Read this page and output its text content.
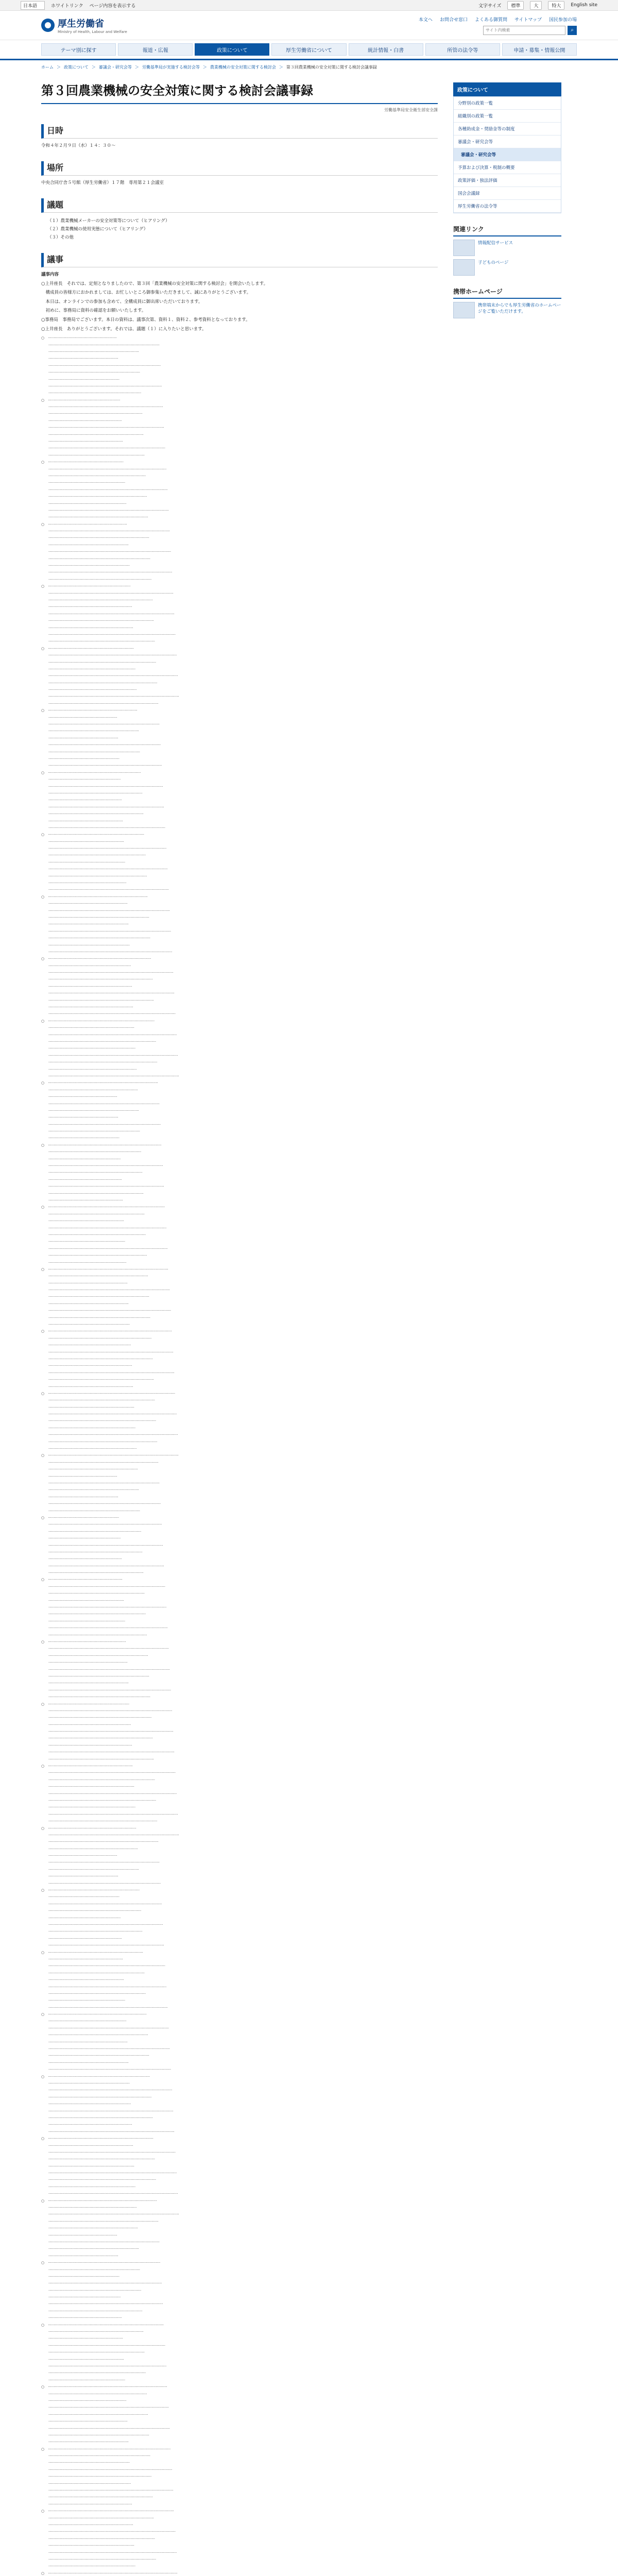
日本語	ホワイトリンク ページ内容を表示する	文字サイズ	標準	大	特大	English site
厚生労働省
Ministry of Health, Labour and Welfare
本文へ お問合せ窓口 よくある御質問 サイトマップ 国民参加の場
サイト内検索
⌕
テーマ別に探す	報道・広報	政策について	厚生労働省について	統計情報・白書	所管の法令等	申請・募集・情報公開
ホーム ＞ 政策について ＞ 審議会・研究会等 ＞ 労働基準局が実施する検討会等 ＞ 農業機械の安全対策に関する検討会 ＞ 第３回農業機械の安全対策に関する検討会議事録
第３回農業機械の安全対策に関する検討会議事録
労働基準局安全衛生部安全課
日時

令和４年２月９日（水）１４：３０～

場所

中央合同庁舎５号館（厚生労働省）１７階　専用第２１会議室

議題
（１）農業機械メーカーの安全対策等について（ヒアリング）
（２）農業機械の使用実態について（ヒアリング）
（３）その他
議事

議事内容

○上井座長　それでは、定刻となりましたので、第３回「農業機械の安全対策に関する検討会」を開会いたします。

　構成員の皆様方におかれましては、お忙しいところ御参集いただきまして、誠にありがとうございます。

　本日は、オンラインでの参加も含めて、全構成員に御出席いただいております。

　初めに、事務局に資料の確認をお願いいたします。

○事務局　事務局でございます。本日の資料は、議事次第、資料１、資料２、参考資料となっております。

○上井座長　ありがとうございます。それでは、議題（１）に入りたいと思います。

○　‧‧‧‧‧‧‧‧‧‧‧‧‧‧‧‧‧‧‧‧‧‧‧‧‧‧‧‧‧‧‧‧‧‧‧‧‧‧‧‧‧‧‧‧‧‧‧‧‧‧‧‧‧‧‧‧‧‧‧‧
　　‧‧‧‧‧‧‧‧‧‧‧‧‧‧‧‧‧‧‧‧‧‧‧‧‧‧‧‧‧‧‧‧‧‧‧‧‧‧‧‧‧‧‧‧‧‧‧‧‧‧‧‧‧‧‧‧‧‧‧‧‧‧‧‧‧‧‧‧‧‧‧‧‧‧‧‧‧‧‧‧‧‧‧‧‧‧‧‧‧‧‧‧‧‧‧‧‧
　　‧‧‧‧‧‧‧‧‧‧‧‧‧‧‧‧‧‧‧‧‧‧‧‧‧‧‧‧‧‧‧‧‧‧‧‧‧‧‧‧‧‧‧‧‧‧‧‧‧‧‧‧‧‧‧‧‧‧‧‧‧‧‧‧‧‧‧‧‧‧‧‧‧‧‧‧‧‧‧
　　‧‧‧‧‧‧‧‧‧‧‧‧‧‧‧‧‧‧‧‧‧‧‧‧‧‧‧‧‧‧‧‧‧‧‧‧‧‧‧‧‧‧‧‧‧‧‧‧‧‧‧‧‧‧‧‧‧‧‧‧‧
　　‧‧‧‧‧‧‧‧‧‧‧‧‧‧‧‧‧‧‧‧‧‧‧‧‧‧‧‧‧‧‧‧‧‧‧‧‧‧‧‧‧‧‧‧‧‧‧‧‧‧‧‧‧‧‧‧‧‧‧‧‧‧‧‧‧‧‧‧‧‧‧‧‧‧‧‧‧‧‧‧‧‧‧‧‧‧‧‧‧‧‧‧‧‧‧‧‧‧
　　‧‧‧‧‧‧‧‧‧‧‧‧‧‧‧‧‧‧‧‧‧‧‧‧‧‧‧‧‧‧‧‧‧‧‧‧‧‧‧‧‧‧‧‧‧‧‧‧‧‧‧‧‧‧‧‧‧‧‧‧‧‧‧‧‧‧‧‧‧‧‧‧‧‧‧‧‧‧‧‧
　　‧‧‧‧‧‧‧‧‧‧‧‧‧‧‧‧‧‧‧‧‧‧‧‧‧‧‧‧‧‧‧‧‧‧‧‧‧‧‧‧‧‧‧‧‧‧‧‧‧‧‧‧‧‧‧‧‧‧‧‧‧‧
　　‧‧‧‧‧‧‧‧‧‧‧‧‧‧‧‧‧‧‧‧‧‧‧‧‧‧‧‧‧‧‧‧‧‧‧‧‧‧‧‧‧‧‧‧‧‧‧‧‧‧‧‧‧‧‧‧‧‧‧‧‧‧‧‧‧‧‧‧‧‧‧‧‧‧‧‧‧‧‧‧‧‧‧‧‧‧‧‧‧‧‧‧‧‧‧‧‧‧‧
　　‧‧‧‧‧‧‧‧‧‧‧‧‧‧‧‧‧‧‧‧‧‧‧‧‧‧‧‧‧‧‧‧‧‧‧‧‧‧‧‧‧‧‧‧‧‧‧‧‧‧‧‧‧‧‧‧‧‧‧‧‧‧‧‧‧‧‧‧‧‧‧‧‧‧‧‧‧‧‧‧‧
○　‧‧‧‧‧‧‧‧‧‧‧‧‧‧‧‧‧‧‧‧‧‧‧‧‧‧‧‧‧‧‧‧‧‧‧‧‧‧‧‧‧‧‧‧‧‧‧‧‧‧‧‧‧‧‧‧‧‧‧‧‧‧‧
　　‧‧‧‧‧‧‧‧‧‧‧‧‧‧‧‧‧‧‧‧‧‧‧‧‧‧‧‧‧‧‧‧‧‧‧‧‧‧‧‧‧‧‧‧‧‧‧‧‧‧‧‧‧‧‧‧‧‧‧‧‧‧‧‧‧‧‧‧‧‧‧‧‧‧‧‧‧‧‧‧‧‧‧‧‧‧‧‧‧‧‧‧‧‧‧‧‧‧‧‧
　　‧‧‧‧‧‧‧‧‧‧‧‧‧‧‧‧‧‧‧‧‧‧‧‧‧‧‧‧‧‧‧‧‧‧‧‧‧‧‧‧‧‧‧‧‧‧‧‧‧‧‧‧‧‧‧‧‧‧‧‧‧‧‧‧‧‧‧‧‧‧‧‧‧‧‧‧‧‧‧‧‧‧
　　‧‧‧‧‧‧‧‧‧‧‧‧‧‧‧‧‧‧‧‧‧‧‧‧‧‧‧‧‧‧‧‧‧‧‧‧‧‧‧‧‧‧‧‧‧‧‧‧‧‧‧‧‧‧‧‧‧‧‧‧‧‧‧‧
　　‧‧‧‧‧‧‧‧‧‧‧‧‧‧‧‧‧‧‧‧‧‧‧‧‧‧‧‧‧‧‧‧‧‧‧‧‧‧‧‧‧‧‧‧‧‧‧‧‧‧‧‧‧‧‧‧‧‧‧‧‧‧‧‧‧‧‧‧‧‧‧‧‧‧‧‧‧‧‧‧‧‧‧‧‧‧‧‧‧‧‧‧‧‧‧‧‧‧‧‧‧
　　‧‧‧‧‧‧‧‧‧‧‧‧‧‧‧‧‧‧‧‧‧‧‧‧‧‧‧‧‧‧‧‧‧‧‧‧‧‧‧‧‧‧‧‧‧‧‧‧‧‧‧‧‧‧‧‧‧‧‧‧‧‧‧‧‧‧‧‧‧‧‧‧‧‧‧‧‧‧‧‧‧‧‧
　　‧‧‧‧‧‧‧‧‧‧‧‧‧‧‧‧‧‧‧‧‧‧‧‧‧‧‧‧‧‧‧‧‧‧‧‧‧‧‧‧‧‧‧‧‧‧‧‧‧‧‧‧‧‧‧‧‧‧‧‧‧‧‧‧‧
　　‧‧‧‧‧‧‧‧‧‧‧‧‧‧‧‧‧‧‧‧‧‧‧‧‧‧‧‧‧‧‧‧‧‧‧‧‧‧‧‧‧‧‧‧‧‧‧‧‧‧‧‧‧‧‧‧‧‧‧‧‧‧‧‧‧‧‧‧‧‧‧‧‧‧‧‧‧‧‧‧‧‧‧‧‧‧‧‧‧‧‧‧‧‧‧‧‧‧‧‧‧‧
　　‧‧‧‧‧‧‧‧‧‧‧‧‧‧‧‧‧‧‧‧‧‧‧‧‧‧‧‧‧‧‧‧‧‧‧‧‧‧‧‧‧‧‧‧‧‧‧‧‧‧‧‧‧‧‧‧‧‧‧‧‧‧‧‧‧‧‧‧‧‧‧‧‧‧‧‧‧‧‧‧‧‧‧‧
○　‧‧‧‧‧‧‧‧‧‧‧‧‧‧‧‧‧‧‧‧‧‧‧‧‧‧‧‧‧‧‧‧‧‧‧‧‧‧‧‧‧‧‧‧‧‧‧‧‧‧‧‧‧‧‧‧‧‧‧‧‧‧‧‧‧‧
　　‧‧‧‧‧‧‧‧‧‧‧‧‧‧‧‧‧‧‧‧‧‧‧‧‧‧‧‧‧‧‧‧‧‧‧‧‧‧‧‧‧‧‧‧‧‧‧‧‧‧‧‧‧‧‧‧‧‧‧‧‧‧‧‧‧‧‧‧‧‧‧‧‧‧‧‧‧‧‧‧‧‧‧‧‧‧‧‧‧‧‧‧‧‧‧‧‧‧‧‧‧‧‧
　　‧‧‧‧‧‧‧‧‧‧‧‧‧‧‧‧‧‧‧‧‧‧‧‧‧‧‧‧‧‧‧‧‧‧‧‧‧‧‧‧‧‧‧‧‧‧‧‧‧‧‧‧‧‧‧‧‧‧‧‧‧‧‧‧‧‧‧‧‧‧‧‧‧‧‧‧‧‧‧‧‧‧‧‧‧
　　‧‧‧‧‧‧‧‧‧‧‧‧‧‧‧‧‧‧‧‧‧‧‧‧‧‧‧‧‧‧‧‧‧‧‧‧‧‧‧‧‧‧‧‧‧‧‧‧‧‧‧‧‧‧‧‧‧‧‧‧‧‧‧‧‧‧‧
　　‧‧‧‧‧‧‧‧‧‧‧‧‧‧‧‧‧‧‧‧‧‧‧‧‧‧‧‧‧‧‧‧‧‧‧‧‧‧‧‧‧‧‧‧‧‧‧‧‧‧‧‧‧‧‧‧‧‧‧‧‧‧‧‧‧‧‧‧‧‧‧‧‧‧‧‧‧‧‧‧‧‧‧‧‧‧‧‧‧‧‧‧‧‧‧‧‧‧‧‧‧‧‧‧
　　‧‧‧‧‧‧‧‧‧‧‧‧‧‧‧‧‧‧‧‧‧‧‧‧‧‧‧‧‧‧‧‧‧‧‧‧‧‧‧‧‧‧‧‧‧‧‧‧‧‧‧‧‧‧‧‧‧‧‧‧‧‧‧‧‧‧‧‧‧‧‧‧‧‧‧‧‧‧‧‧‧‧‧‧‧‧
　　‧‧‧‧‧‧‧‧‧‧‧‧‧‧‧‧‧‧‧‧‧‧‧‧‧‧‧‧‧‧‧‧‧‧‧‧‧‧‧‧‧‧‧‧‧‧‧‧‧‧‧‧‧‧‧‧‧‧‧‧‧‧‧‧‧‧‧‧
　　‧‧‧‧‧‧‧‧‧‧‧‧‧‧‧‧‧‧‧‧‧‧‧‧‧‧‧‧‧‧‧‧‧‧‧‧‧‧‧‧‧‧‧‧‧‧‧‧‧‧‧‧‧‧‧‧‧‧‧‧‧‧‧‧‧‧‧‧‧‧‧‧‧‧‧‧‧‧‧‧‧‧‧‧‧‧‧‧‧‧‧‧‧‧‧‧‧‧‧‧‧‧‧‧‧
　　‧‧‧‧‧‧‧‧‧‧‧‧‧‧‧‧‧‧‧‧‧‧‧‧‧‧‧‧‧‧‧‧‧‧‧‧‧‧‧‧‧‧‧‧‧‧‧‧‧‧‧‧‧‧‧‧‧‧‧‧‧‧‧‧‧‧‧‧‧‧‧‧‧‧‧‧‧‧‧‧‧‧‧‧‧‧‧
○　‧‧‧‧‧‧‧‧‧‧‧‧‧‧‧‧‧‧‧‧‧‧‧‧‧‧‧‧‧‧‧‧‧‧‧‧‧‧‧‧‧‧‧‧‧‧‧‧‧‧‧‧‧‧‧‧‧‧‧‧‧‧‧‧‧‧‧‧‧
　　‧‧‧‧‧‧‧‧‧‧‧‧‧‧‧‧‧‧‧‧‧‧‧‧‧‧‧‧‧‧‧‧‧‧‧‧‧‧‧‧‧‧‧‧‧‧‧‧‧‧‧‧‧‧‧‧‧‧‧‧‧‧‧‧‧‧‧‧‧‧‧‧‧‧‧‧‧‧‧‧‧‧‧‧‧‧‧‧‧‧‧‧‧‧‧‧‧‧‧‧‧‧‧‧‧‧
　　‧‧‧‧‧‧‧‧‧‧‧‧‧‧‧‧‧‧‧‧‧‧‧‧‧‧‧‧‧‧‧‧‧‧‧‧‧‧‧‧‧‧‧‧‧‧‧‧‧‧‧‧‧‧‧‧‧‧‧‧‧‧‧‧‧‧‧‧‧‧‧‧‧‧‧‧‧‧‧‧‧‧‧‧‧‧‧‧
　　‧‧‧‧‧‧‧‧‧‧‧‧‧‧‧‧‧‧‧‧‧‧‧‧‧‧‧‧‧‧‧‧‧‧‧‧‧‧‧‧‧‧‧‧‧‧‧‧‧‧‧‧‧‧‧‧‧‧‧‧‧‧‧‧‧‧‧‧‧‧
　　‧‧‧‧‧‧‧‧‧‧‧‧‧‧‧‧‧‧‧‧‧‧‧‧‧‧‧‧‧‧‧‧‧‧‧‧‧‧‧‧‧‧‧‧‧‧‧‧‧‧‧‧‧‧‧‧‧‧‧‧‧‧‧‧‧‧‧‧‧‧‧‧‧‧‧‧‧‧‧‧‧‧‧‧‧‧‧‧‧‧‧‧‧‧‧‧‧‧‧‧‧‧‧‧‧‧‧
　　‧‧‧‧‧‧‧‧‧‧‧‧‧‧‧‧‧‧‧‧‧‧‧‧‧‧‧‧‧‧‧‧‧‧‧‧‧‧‧‧‧‧‧‧‧‧‧‧‧‧‧‧‧‧‧‧‧‧‧‧‧‧‧‧‧‧‧‧‧‧‧‧‧‧‧‧‧‧‧‧‧‧‧‧‧‧‧‧‧
　　‧‧‧‧‧‧‧‧‧‧‧‧‧‧‧‧‧‧‧‧‧‧‧‧‧‧‧‧‧‧‧‧‧‧‧‧‧‧‧‧‧‧‧‧‧‧‧‧‧‧‧‧‧‧‧‧‧‧‧‧‧‧‧‧‧‧‧‧‧‧‧
　　‧‧‧‧‧‧‧‧‧‧‧‧‧‧‧‧‧‧‧‧‧‧‧‧‧‧‧‧‧‧‧‧‧‧‧‧‧‧‧‧‧‧‧‧‧‧‧‧‧‧‧‧‧‧‧‧‧‧‧‧‧‧‧‧‧‧‧‧‧‧‧‧‧‧‧‧‧‧‧‧‧‧‧‧‧‧‧‧‧‧‧‧‧‧‧‧‧‧‧‧‧‧‧‧‧‧‧‧
　　‧‧‧‧‧‧‧‧‧‧‧‧‧‧‧‧‧‧‧‧‧‧‧‧‧‧‧‧‧‧‧‧‧‧‧‧‧‧‧‧‧‧‧‧‧‧‧‧‧‧‧‧‧‧‧‧‧‧‧‧‧‧‧‧‧‧‧‧‧‧‧‧‧‧‧‧‧‧‧‧‧‧‧‧‧‧‧‧‧‧
○　‧‧‧‧‧‧‧‧‧‧‧‧‧‧‧‧‧‧‧‧‧‧‧‧‧‧‧‧‧‧‧‧‧‧‧‧‧‧‧‧‧‧‧‧‧‧‧‧‧‧‧‧‧‧‧‧‧‧‧‧‧‧‧‧‧‧‧‧‧‧‧‧
　　‧‧‧‧‧‧‧‧‧‧‧‧‧‧‧‧‧‧‧‧‧‧‧‧‧‧‧‧‧‧‧‧‧‧‧‧‧‧‧‧‧‧‧‧‧‧‧‧‧‧‧‧‧‧‧‧‧‧‧‧‧‧‧‧‧‧‧‧‧‧‧‧‧‧‧‧‧‧‧‧‧‧‧‧‧‧‧‧‧‧‧‧‧‧‧‧‧‧‧‧‧‧‧‧‧‧‧‧‧
　　‧‧‧‧‧‧‧‧‧‧‧‧‧‧‧‧‧‧‧‧‧‧‧‧‧‧‧‧‧‧‧‧‧‧‧‧‧‧‧‧‧‧‧‧‧‧‧‧‧‧‧‧‧‧‧‧‧‧‧‧‧‧‧‧‧‧‧‧‧‧‧‧‧‧‧‧‧‧‧‧‧‧‧‧‧‧‧‧‧‧‧
　　‧‧‧‧‧‧‧‧‧‧‧‧‧‧‧‧‧‧‧‧‧‧‧‧‧‧‧‧‧‧‧‧‧‧‧‧‧‧‧‧‧‧‧‧‧‧‧‧‧‧‧‧‧‧‧‧‧‧‧‧‧‧‧‧‧‧‧‧‧‧‧‧‧
　　‧‧‧‧‧‧‧‧‧‧‧‧‧‧‧‧‧‧‧‧‧‧‧‧‧‧‧‧‧‧‧‧‧‧‧‧‧‧‧‧‧‧‧‧‧‧‧‧‧‧‧‧‧‧‧‧‧‧‧‧‧‧‧‧‧‧‧‧‧‧‧‧‧‧‧‧‧‧‧‧‧‧‧‧‧‧‧‧‧‧‧‧‧‧‧‧‧‧‧‧‧‧‧‧‧‧‧‧‧‧
　　‧‧‧‧‧‧‧‧‧‧‧‧‧‧‧‧‧‧‧‧‧‧‧‧‧‧‧‧‧‧‧‧‧‧‧‧‧‧‧‧‧‧‧‧‧‧‧‧‧‧‧‧‧‧‧‧‧‧‧‧‧‧‧‧‧‧‧‧‧‧‧‧‧‧‧‧‧‧‧‧‧‧‧‧‧‧‧‧‧‧‧‧
　　‧‧‧‧‧‧‧‧‧‧‧‧‧‧‧‧‧‧‧‧‧‧‧‧‧‧‧‧‧‧‧‧‧‧‧‧‧‧‧‧‧‧‧‧‧‧‧‧‧‧‧‧‧‧‧‧‧‧‧‧‧‧‧‧‧‧‧‧‧‧‧‧‧‧
　　‧‧‧‧‧‧‧‧‧‧‧‧‧‧‧‧‧‧‧‧‧‧‧‧‧‧‧‧‧‧‧‧‧‧‧‧‧‧‧‧‧‧‧‧‧‧‧‧‧‧‧‧‧‧‧‧‧‧‧‧‧‧‧‧‧‧‧‧‧‧‧‧‧‧‧‧‧‧‧‧‧‧‧‧‧‧‧‧‧‧‧‧‧‧‧‧‧‧‧‧‧‧‧‧‧‧‧‧‧‧‧
　　‧‧‧‧‧‧‧‧‧‧‧‧‧‧‧‧‧‧‧‧‧‧‧‧‧‧‧‧‧‧‧‧‧‧‧‧‧‧‧‧‧‧‧‧‧‧‧‧‧‧‧‧‧‧‧‧‧‧‧‧‧‧‧‧‧‧‧‧‧‧‧‧‧‧‧‧‧‧‧‧‧‧‧‧‧‧‧‧‧‧‧‧‧
○　‧‧‧‧‧‧‧‧‧‧‧‧‧‧‧‧‧‧‧‧‧‧‧‧‧‧‧‧‧‧‧‧‧‧‧‧‧‧‧‧‧‧‧‧‧‧‧‧‧‧‧‧‧‧‧‧‧‧‧‧‧‧‧‧‧‧‧‧‧‧‧‧‧‧‧
　　‧‧‧‧‧‧‧‧‧‧‧‧‧‧‧‧‧‧‧‧‧‧‧‧‧‧‧‧‧‧‧‧‧‧‧‧‧‧‧‧‧‧‧‧‧‧‧‧‧‧‧‧‧‧‧‧‧‧‧‧‧‧‧‧‧‧‧‧‧‧‧‧‧‧‧‧‧‧‧‧‧‧‧‧‧‧‧‧‧‧‧‧‧‧‧‧‧‧‧‧‧‧‧‧‧‧‧‧‧‧‧‧
　　‧‧‧‧‧‧‧‧‧‧‧‧‧‧‧‧‧‧‧‧‧‧‧‧‧‧‧‧‧‧‧‧‧‧‧‧‧‧‧‧‧‧‧‧‧‧‧‧‧‧‧‧‧‧‧‧‧‧‧‧‧‧‧‧‧‧‧‧‧‧‧‧‧‧‧‧‧‧‧‧‧‧‧‧‧‧‧‧‧‧‧‧‧‧
　　‧‧‧‧‧‧‧‧‧‧‧‧‧‧‧‧‧‧‧‧‧‧‧‧‧‧‧‧‧‧‧‧‧‧‧‧‧‧‧‧‧‧‧‧‧‧‧‧‧‧‧‧‧‧‧‧‧‧‧‧‧‧‧‧‧‧‧‧‧‧‧‧‧‧‧‧
　　‧‧‧‧‧‧‧‧‧‧‧‧‧‧‧‧‧‧‧‧‧‧‧‧‧‧‧‧‧‧‧‧‧‧‧‧‧‧‧‧‧‧‧‧‧‧‧‧‧‧‧‧‧‧‧‧‧‧‧‧‧‧‧‧‧‧‧‧‧‧‧‧‧‧‧‧‧‧‧‧‧‧‧‧‧‧‧‧‧‧‧‧‧‧‧‧‧‧‧‧‧‧‧‧‧‧‧‧‧‧‧‧‧
　　‧‧‧‧‧‧‧‧‧‧‧‧‧‧‧‧‧‧‧‧‧‧‧‧‧‧‧‧‧‧‧‧‧‧‧‧‧‧‧‧‧‧‧‧‧‧‧‧‧‧‧‧‧‧‧‧‧‧‧‧‧‧‧‧‧‧‧‧‧‧‧‧‧‧‧‧‧‧‧‧‧‧‧‧‧‧‧‧‧‧‧‧‧‧‧
　　‧‧‧‧‧‧‧‧‧‧‧‧‧‧‧‧‧‧‧‧‧‧‧‧‧‧‧‧‧‧‧‧‧‧‧‧‧‧‧‧‧‧‧‧‧‧‧‧‧‧‧‧‧‧‧‧‧‧‧‧‧‧‧‧‧‧‧‧‧‧‧‧‧‧‧‧‧
　　‧‧‧‧‧‧‧‧‧‧‧‧‧‧‧‧‧‧‧‧‧‧‧‧‧‧‧‧‧‧‧‧‧‧‧‧‧‧‧‧‧‧‧‧‧‧‧‧‧‧‧‧‧‧‧‧‧‧‧‧‧‧‧‧‧‧‧‧‧‧‧‧‧‧‧‧‧‧‧‧‧‧‧‧‧‧‧‧‧‧‧‧‧‧‧‧‧‧‧‧‧‧‧‧‧‧‧‧‧‧‧‧‧‧
　　‧‧‧‧‧‧‧‧‧‧‧‧‧‧‧‧‧‧‧‧‧‧‧‧‧‧‧‧‧‧‧‧‧‧‧‧‧‧‧‧‧‧‧‧‧‧‧‧‧‧‧‧‧‧‧‧‧‧‧‧‧‧‧‧‧‧‧‧‧‧‧‧‧‧‧‧‧‧‧‧‧‧‧‧‧‧‧‧‧‧‧‧‧‧‧‧
○　‧‧‧‧‧‧‧‧‧‧‧‧‧‧‧‧‧‧‧‧‧‧‧‧‧‧‧‧‧‧‧‧‧‧‧‧‧‧‧‧‧‧‧‧‧‧‧‧‧‧‧‧‧‧‧‧‧‧‧‧‧‧‧‧‧‧‧‧‧‧‧‧‧‧‧‧‧‧
　　‧‧‧‧‧‧‧‧‧‧‧‧‧‧‧‧‧‧‧‧‧‧‧‧‧‧‧‧‧‧‧‧‧‧‧‧‧‧‧‧‧‧‧‧‧‧‧‧‧‧‧‧‧‧‧‧‧‧‧‧
　　‧‧‧‧‧‧‧‧‧‧‧‧‧‧‧‧‧‧‧‧‧‧‧‧‧‧‧‧‧‧‧‧‧‧‧‧‧‧‧‧‧‧‧‧‧‧‧‧‧‧‧‧‧‧‧‧‧‧‧‧‧‧‧‧‧‧‧‧‧‧‧‧‧‧‧‧‧‧‧‧‧‧‧‧‧‧‧‧‧‧‧‧‧‧‧‧‧
　　‧‧‧‧‧‧‧‧‧‧‧‧‧‧‧‧‧‧‧‧‧‧‧‧‧‧‧‧‧‧‧‧‧‧‧‧‧‧‧‧‧‧‧‧‧‧‧‧‧‧‧‧‧‧‧‧‧‧‧‧‧‧‧‧‧‧‧‧‧‧‧‧‧‧‧‧‧‧‧
　　‧‧‧‧‧‧‧‧‧‧‧‧‧‧‧‧‧‧‧‧‧‧‧‧‧‧‧‧‧‧‧‧‧‧‧‧‧‧‧‧‧‧‧‧‧‧‧‧‧‧‧‧‧‧‧‧‧‧‧‧‧
　　‧‧‧‧‧‧‧‧‧‧‧‧‧‧‧‧‧‧‧‧‧‧‧‧‧‧‧‧‧‧‧‧‧‧‧‧‧‧‧‧‧‧‧‧‧‧‧‧‧‧‧‧‧‧‧‧‧‧‧‧‧‧‧‧‧‧‧‧‧‧‧‧‧‧‧‧‧‧‧‧‧‧‧‧‧‧‧‧‧‧‧‧‧‧‧‧‧‧
　　‧‧‧‧‧‧‧‧‧‧‧‧‧‧‧‧‧‧‧‧‧‧‧‧‧‧‧‧‧‧‧‧‧‧‧‧‧‧‧‧‧‧‧‧‧‧‧‧‧‧‧‧‧‧‧‧‧‧‧‧‧‧‧‧‧‧‧‧‧‧‧‧‧‧‧‧‧‧‧‧
　　‧‧‧‧‧‧‧‧‧‧‧‧‧‧‧‧‧‧‧‧‧‧‧‧‧‧‧‧‧‧‧‧‧‧‧‧‧‧‧‧‧‧‧‧‧‧‧‧‧‧‧‧‧‧‧‧‧‧‧‧‧‧
　　‧‧‧‧‧‧‧‧‧‧‧‧‧‧‧‧‧‧‧‧‧‧‧‧‧‧‧‧‧‧‧‧‧‧‧‧‧‧‧‧‧‧‧‧‧‧‧‧‧‧‧‧‧‧‧‧‧‧‧‧‧‧‧‧‧‧‧‧‧‧‧‧‧‧‧‧‧‧‧‧‧‧‧‧‧‧‧‧‧‧‧‧‧‧‧‧‧‧‧
○　‧‧‧‧‧‧‧‧‧‧‧‧‧‧‧‧‧‧‧‧‧‧‧‧‧‧‧‧‧‧‧‧‧‧‧‧‧‧‧‧‧‧‧‧‧‧‧‧‧‧‧‧‧‧‧‧‧‧‧‧‧‧‧‧‧‧‧‧‧‧‧‧‧‧‧‧‧‧‧‧‧
　　‧‧‧‧‧‧‧‧‧‧‧‧‧‧‧‧‧‧‧‧‧‧‧‧‧‧‧‧‧‧‧‧‧‧‧‧‧‧‧‧‧‧‧‧‧‧‧‧‧‧‧‧‧‧‧‧‧‧‧‧‧‧‧
　　‧‧‧‧‧‧‧‧‧‧‧‧‧‧‧‧‧‧‧‧‧‧‧‧‧‧‧‧‧‧‧‧‧‧‧‧‧‧‧‧‧‧‧‧‧‧‧‧‧‧‧‧‧‧‧‧‧‧‧‧‧‧‧‧‧‧‧‧‧‧‧‧‧‧‧‧‧‧‧‧‧‧‧‧‧‧‧‧‧‧‧‧‧‧‧‧‧‧‧‧
　　‧‧‧‧‧‧‧‧‧‧‧‧‧‧‧‧‧‧‧‧‧‧‧‧‧‧‧‧‧‧‧‧‧‧‧‧‧‧‧‧‧‧‧‧‧‧‧‧‧‧‧‧‧‧‧‧‧‧‧‧‧‧‧‧‧‧‧‧‧‧‧‧‧‧‧‧‧‧‧‧‧‧
　　‧‧‧‧‧‧‧‧‧‧‧‧‧‧‧‧‧‧‧‧‧‧‧‧‧‧‧‧‧‧‧‧‧‧‧‧‧‧‧‧‧‧‧‧‧‧‧‧‧‧‧‧‧‧‧‧‧‧‧‧‧‧‧‧
　　‧‧‧‧‧‧‧‧‧‧‧‧‧‧‧‧‧‧‧‧‧‧‧‧‧‧‧‧‧‧‧‧‧‧‧‧‧‧‧‧‧‧‧‧‧‧‧‧‧‧‧‧‧‧‧‧‧‧‧‧‧‧‧‧‧‧‧‧‧‧‧‧‧‧‧‧‧‧‧‧‧‧‧‧‧‧‧‧‧‧‧‧‧‧‧‧‧‧‧‧‧
　　‧‧‧‧‧‧‧‧‧‧‧‧‧‧‧‧‧‧‧‧‧‧‧‧‧‧‧‧‧‧‧‧‧‧‧‧‧‧‧‧‧‧‧‧‧‧‧‧‧‧‧‧‧‧‧‧‧‧‧‧‧‧‧‧‧‧‧‧‧‧‧‧‧‧‧‧‧‧‧‧‧‧‧
　　‧‧‧‧‧‧‧‧‧‧‧‧‧‧‧‧‧‧‧‧‧‧‧‧‧‧‧‧‧‧‧‧‧‧‧‧‧‧‧‧‧‧‧‧‧‧‧‧‧‧‧‧‧‧‧‧‧‧‧‧‧‧‧‧‧
　　‧‧‧‧‧‧‧‧‧‧‧‧‧‧‧‧‧‧‧‧‧‧‧‧‧‧‧‧‧‧‧‧‧‧‧‧‧‧‧‧‧‧‧‧‧‧‧‧‧‧‧‧‧‧‧‧‧‧‧‧‧‧‧‧‧‧‧‧‧‧‧‧‧‧‧‧‧‧‧‧‧‧‧‧‧‧‧‧‧‧‧‧‧‧‧‧‧‧‧‧‧‧
○　‧‧‧‧‧‧‧‧‧‧‧‧‧‧‧‧‧‧‧‧‧‧‧‧‧‧‧‧‧‧‧‧‧‧‧‧‧‧‧‧‧‧‧‧‧‧‧‧‧‧‧‧‧‧‧‧‧‧‧‧‧‧‧‧‧‧‧‧‧‧‧‧‧‧‧‧‧‧‧‧‧‧‧‧
　　‧‧‧‧‧‧‧‧‧‧‧‧‧‧‧‧‧‧‧‧‧‧‧‧‧‧‧‧‧‧‧‧‧‧‧‧‧‧‧‧‧‧‧‧‧‧‧‧‧‧‧‧‧‧‧‧‧‧‧‧‧‧‧‧‧‧
　　‧‧‧‧‧‧‧‧‧‧‧‧‧‧‧‧‧‧‧‧‧‧‧‧‧‧‧‧‧‧‧‧‧‧‧‧‧‧‧‧‧‧‧‧‧‧‧‧‧‧‧‧‧‧‧‧‧‧‧‧‧‧‧‧‧‧‧‧‧‧‧‧‧‧‧‧‧‧‧‧‧‧‧‧‧‧‧‧‧‧‧‧‧‧‧‧‧‧‧‧‧‧‧
　　‧‧‧‧‧‧‧‧‧‧‧‧‧‧‧‧‧‧‧‧‧‧‧‧‧‧‧‧‧‧‧‧‧‧‧‧‧‧‧‧‧‧‧‧‧‧‧‧‧‧‧‧‧‧‧‧‧‧‧‧‧‧‧‧‧‧‧‧‧‧‧‧‧‧‧‧‧‧‧‧‧‧‧‧‧
　　‧‧‧‧‧‧‧‧‧‧‧‧‧‧‧‧‧‧‧‧‧‧‧‧‧‧‧‧‧‧‧‧‧‧‧‧‧‧‧‧‧‧‧‧‧‧‧‧‧‧‧‧‧‧‧‧‧‧‧‧‧‧‧‧‧‧‧
　　‧‧‧‧‧‧‧‧‧‧‧‧‧‧‧‧‧‧‧‧‧‧‧‧‧‧‧‧‧‧‧‧‧‧‧‧‧‧‧‧‧‧‧‧‧‧‧‧‧‧‧‧‧‧‧‧‧‧‧‧‧‧‧‧‧‧‧‧‧‧‧‧‧‧‧‧‧‧‧‧‧‧‧‧‧‧‧‧‧‧‧‧‧‧‧‧‧‧‧‧‧‧‧‧
　　‧‧‧‧‧‧‧‧‧‧‧‧‧‧‧‧‧‧‧‧‧‧‧‧‧‧‧‧‧‧‧‧‧‧‧‧‧‧‧‧‧‧‧‧‧‧‧‧‧‧‧‧‧‧‧‧‧‧‧‧‧‧‧‧‧‧‧‧‧‧‧‧‧‧‧‧‧‧‧‧‧‧‧‧‧‧
　　‧‧‧‧‧‧‧‧‧‧‧‧‧‧‧‧‧‧‧‧‧‧‧‧‧‧‧‧‧‧‧‧‧‧‧‧‧‧‧‧‧‧‧‧‧‧‧‧‧‧‧‧‧‧‧‧‧‧‧‧‧‧‧‧‧‧‧‧
　　‧‧‧‧‧‧‧‧‧‧‧‧‧‧‧‧‧‧‧‧‧‧‧‧‧‧‧‧‧‧‧‧‧‧‧‧‧‧‧‧‧‧‧‧‧‧‧‧‧‧‧‧‧‧‧‧‧‧‧‧‧‧‧‧‧‧‧‧‧‧‧‧‧‧‧‧‧‧‧‧‧‧‧‧‧‧‧‧‧‧‧‧‧‧‧‧‧‧‧‧‧‧‧‧‧
○　‧‧‧‧‧‧‧‧‧‧‧‧‧‧‧‧‧‧‧‧‧‧‧‧‧‧‧‧‧‧‧‧‧‧‧‧‧‧‧‧‧‧‧‧‧‧‧‧‧‧‧‧‧‧‧‧‧‧‧‧‧‧‧‧‧‧‧‧‧‧‧‧‧‧‧‧‧‧‧‧‧‧‧‧‧‧‧
　　‧‧‧‧‧‧‧‧‧‧‧‧‧‧‧‧‧‧‧‧‧‧‧‧‧‧‧‧‧‧‧‧‧‧‧‧‧‧‧‧‧‧‧‧‧‧‧‧‧‧‧‧‧‧‧‧‧‧‧‧‧‧‧‧‧‧‧‧‧
　　‧‧‧‧‧‧‧‧‧‧‧‧‧‧‧‧‧‧‧‧‧‧‧‧‧‧‧‧‧‧‧‧‧‧‧‧‧‧‧‧‧‧‧‧‧‧‧‧‧‧‧‧‧‧‧‧‧‧‧‧‧‧‧‧‧‧‧‧‧‧‧‧‧‧‧‧‧‧‧‧‧‧‧‧‧‧‧‧‧‧‧‧‧‧‧‧‧‧‧‧‧‧‧‧‧‧
　　‧‧‧‧‧‧‧‧‧‧‧‧‧‧‧‧‧‧‧‧‧‧‧‧‧‧‧‧‧‧‧‧‧‧‧‧‧‧‧‧‧‧‧‧‧‧‧‧‧‧‧‧‧‧‧‧‧‧‧‧‧‧‧‧‧‧‧‧‧‧‧‧‧‧‧‧‧‧‧‧‧‧‧‧‧‧‧‧
　　‧‧‧‧‧‧‧‧‧‧‧‧‧‧‧‧‧‧‧‧‧‧‧‧‧‧‧‧‧‧‧‧‧‧‧‧‧‧‧‧‧‧‧‧‧‧‧‧‧‧‧‧‧‧‧‧‧‧‧‧‧‧‧‧‧‧‧‧‧‧
　　‧‧‧‧‧‧‧‧‧‧‧‧‧‧‧‧‧‧‧‧‧‧‧‧‧‧‧‧‧‧‧‧‧‧‧‧‧‧‧‧‧‧‧‧‧‧‧‧‧‧‧‧‧‧‧‧‧‧‧‧‧‧‧‧‧‧‧‧‧‧‧‧‧‧‧‧‧‧‧‧‧‧‧‧‧‧‧‧‧‧‧‧‧‧‧‧‧‧‧‧‧‧‧‧‧‧‧
　　‧‧‧‧‧‧‧‧‧‧‧‧‧‧‧‧‧‧‧‧‧‧‧‧‧‧‧‧‧‧‧‧‧‧‧‧‧‧‧‧‧‧‧‧‧‧‧‧‧‧‧‧‧‧‧‧‧‧‧‧‧‧‧‧‧‧‧‧‧‧‧‧‧‧‧‧‧‧‧‧‧‧‧‧‧‧‧‧‧
　　‧‧‧‧‧‧‧‧‧‧‧‧‧‧‧‧‧‧‧‧‧‧‧‧‧‧‧‧‧‧‧‧‧‧‧‧‧‧‧‧‧‧‧‧‧‧‧‧‧‧‧‧‧‧‧‧‧‧‧‧‧‧‧‧‧‧‧‧‧‧‧
　　‧‧‧‧‧‧‧‧‧‧‧‧‧‧‧‧‧‧‧‧‧‧‧‧‧‧‧‧‧‧‧‧‧‧‧‧‧‧‧‧‧‧‧‧‧‧‧‧‧‧‧‧‧‧‧‧‧‧‧‧‧‧‧‧‧‧‧‧‧‧‧‧‧‧‧‧‧‧‧‧‧‧‧‧‧‧‧‧‧‧‧‧‧‧‧‧‧‧‧‧‧‧‧‧‧‧‧‧
○　‧‧‧‧‧‧‧‧‧‧‧‧‧‧‧‧‧‧‧‧‧‧‧‧‧‧‧‧‧‧‧‧‧‧‧‧‧‧‧‧‧‧‧‧‧‧‧‧‧‧‧‧‧‧‧‧‧‧‧‧‧‧‧‧‧‧‧‧‧‧‧‧‧‧‧‧‧‧‧‧‧‧‧‧‧‧‧‧‧‧
　　‧‧‧‧‧‧‧‧‧‧‧‧‧‧‧‧‧‧‧‧‧‧‧‧‧‧‧‧‧‧‧‧‧‧‧‧‧‧‧‧‧‧‧‧‧‧‧‧‧‧‧‧‧‧‧‧‧‧‧‧‧‧‧‧‧‧‧‧‧‧‧‧
　　‧‧‧‧‧‧‧‧‧‧‧‧‧‧‧‧‧‧‧‧‧‧‧‧‧‧‧‧‧‧‧‧‧‧‧‧‧‧‧‧‧‧‧‧‧‧‧‧‧‧‧‧‧‧‧‧‧‧‧‧‧‧‧‧‧‧‧‧‧‧‧‧‧‧‧‧‧‧‧‧‧‧‧‧‧‧‧‧‧‧‧‧‧‧‧‧‧‧‧‧‧‧‧‧‧‧‧‧‧
　　‧‧‧‧‧‧‧‧‧‧‧‧‧‧‧‧‧‧‧‧‧‧‧‧‧‧‧‧‧‧‧‧‧‧‧‧‧‧‧‧‧‧‧‧‧‧‧‧‧‧‧‧‧‧‧‧‧‧‧‧‧‧‧‧‧‧‧‧‧‧‧‧‧‧‧‧‧‧‧‧‧‧‧‧‧‧‧‧‧‧‧
　　‧‧‧‧‧‧‧‧‧‧‧‧‧‧‧‧‧‧‧‧‧‧‧‧‧‧‧‧‧‧‧‧‧‧‧‧‧‧‧‧‧‧‧‧‧‧‧‧‧‧‧‧‧‧‧‧‧‧‧‧‧‧‧‧‧‧‧‧‧‧‧‧‧
　　‧‧‧‧‧‧‧‧‧‧‧‧‧‧‧‧‧‧‧‧‧‧‧‧‧‧‧‧‧‧‧‧‧‧‧‧‧‧‧‧‧‧‧‧‧‧‧‧‧‧‧‧‧‧‧‧‧‧‧‧‧‧‧‧‧‧‧‧‧‧‧‧‧‧‧‧‧‧‧‧‧‧‧‧‧‧‧‧‧‧‧‧‧‧‧‧‧‧‧‧‧‧‧‧‧‧‧‧‧‧
　　‧‧‧‧‧‧‧‧‧‧‧‧‧‧‧‧‧‧‧‧‧‧‧‧‧‧‧‧‧‧‧‧‧‧‧‧‧‧‧‧‧‧‧‧‧‧‧‧‧‧‧‧‧‧‧‧‧‧‧‧‧‧‧‧‧‧‧‧‧‧‧‧‧‧‧‧‧‧‧‧‧‧‧‧‧‧‧‧‧‧‧‧
　　‧‧‧‧‧‧‧‧‧‧‧‧‧‧‧‧‧‧‧‧‧‧‧‧‧‧‧‧‧‧‧‧‧‧‧‧‧‧‧‧‧‧‧‧‧‧‧‧‧‧‧‧‧‧‧‧‧‧‧‧‧‧‧‧‧‧‧‧‧‧‧‧‧‧
　　‧‧‧‧‧‧‧‧‧‧‧‧‧‧‧‧‧‧‧‧‧‧‧‧‧‧‧‧‧‧‧‧‧‧‧‧‧‧‧‧‧‧‧‧‧‧‧‧‧‧‧‧‧‧‧‧‧‧‧‧‧‧‧‧‧‧‧‧‧‧‧‧‧‧‧‧‧‧‧‧‧‧‧‧‧‧‧‧‧‧‧‧‧‧‧‧‧‧‧‧‧‧‧‧‧‧‧‧‧‧‧
○　‧‧‧‧‧‧‧‧‧‧‧‧‧‧‧‧‧‧‧‧‧‧‧‧‧‧‧‧‧‧‧‧‧‧‧‧‧‧‧‧‧‧‧‧‧‧‧‧‧‧‧‧‧‧‧‧‧‧‧‧‧‧‧‧‧‧‧‧‧‧‧‧‧‧‧‧‧‧‧‧‧‧‧‧‧‧‧‧‧‧‧‧‧
　　‧‧‧‧‧‧‧‧‧‧‧‧‧‧‧‧‧‧‧‧‧‧‧‧‧‧‧‧‧‧‧‧‧‧‧‧‧‧‧‧‧‧‧‧‧‧‧‧‧‧‧‧‧‧‧‧‧‧‧‧‧‧‧‧‧‧‧‧‧‧‧‧‧‧‧
　　‧‧‧‧‧‧‧‧‧‧‧‧‧‧‧‧‧‧‧‧‧‧‧‧‧‧‧‧‧‧‧‧‧‧‧‧‧‧‧‧‧‧‧‧‧‧‧‧‧‧‧‧‧‧‧‧‧‧‧‧‧‧‧‧‧‧‧‧‧‧‧‧‧‧‧‧‧‧‧‧‧‧‧‧‧‧‧‧‧‧‧‧‧‧‧‧‧‧‧‧‧‧‧‧‧‧‧‧‧‧‧‧
　　‧‧‧‧‧‧‧‧‧‧‧‧‧‧‧‧‧‧‧‧‧‧‧‧‧‧‧‧‧‧‧‧‧‧‧‧‧‧‧‧‧‧‧‧‧‧‧‧‧‧‧‧‧‧‧‧‧‧‧‧‧‧‧‧‧‧‧‧‧‧‧‧‧‧‧‧‧‧‧‧‧‧‧‧‧‧‧‧‧‧‧‧‧‧
　　‧‧‧‧‧‧‧‧‧‧‧‧‧‧‧‧‧‧‧‧‧‧‧‧‧‧‧‧‧‧‧‧‧‧‧‧‧‧‧‧‧‧‧‧‧‧‧‧‧‧‧‧‧‧‧‧‧‧‧‧‧‧‧‧‧‧‧‧‧‧‧‧‧‧‧‧
　　‧‧‧‧‧‧‧‧‧‧‧‧‧‧‧‧‧‧‧‧‧‧‧‧‧‧‧‧‧‧‧‧‧‧‧‧‧‧‧‧‧‧‧‧‧‧‧‧‧‧‧‧‧‧‧‧‧‧‧‧‧‧‧‧‧‧‧‧‧‧‧‧‧‧‧‧‧‧‧‧‧‧‧‧‧‧‧‧‧‧‧‧‧‧‧‧‧‧‧‧‧‧‧‧‧‧‧‧‧‧‧‧‧
　　‧‧‧‧‧‧‧‧‧‧‧‧‧‧‧‧‧‧‧‧‧‧‧‧‧‧‧‧‧‧‧‧‧‧‧‧‧‧‧‧‧‧‧‧‧‧‧‧‧‧‧‧‧‧‧‧‧‧‧‧‧‧‧‧‧‧‧‧‧‧‧‧‧‧‧‧‧‧‧‧‧‧‧‧‧‧‧‧‧‧‧‧‧‧‧
　　‧‧‧‧‧‧‧‧‧‧‧‧‧‧‧‧‧‧‧‧‧‧‧‧‧‧‧‧‧‧‧‧‧‧‧‧‧‧‧‧‧‧‧‧‧‧‧‧‧‧‧‧‧‧‧‧‧‧‧‧‧‧‧‧‧‧‧‧‧‧‧‧‧‧‧‧‧
　　‧‧‧‧‧‧‧‧‧‧‧‧‧‧‧‧‧‧‧‧‧‧‧‧‧‧‧‧‧‧‧‧‧‧‧‧‧‧‧‧‧‧‧‧‧‧‧‧‧‧‧‧‧‧‧‧‧‧‧‧‧‧‧‧‧‧‧‧‧‧‧‧‧‧‧‧‧‧‧‧‧‧‧‧‧‧‧‧‧‧‧‧‧‧‧‧‧‧‧‧‧‧‧‧‧‧‧‧‧‧‧‧‧‧
○　‧‧‧‧‧‧‧‧‧‧‧‧‧‧‧‧‧‧‧‧‧‧‧‧‧‧‧‧‧‧‧‧‧‧‧‧‧‧‧‧‧‧‧‧‧‧‧‧‧‧‧‧‧‧‧‧‧‧‧‧‧‧‧‧‧‧‧‧‧‧‧‧‧‧‧‧‧‧‧‧‧‧‧‧‧‧‧‧‧‧‧‧‧‧‧‧
　　‧‧‧‧‧‧‧‧‧‧‧‧‧‧‧‧‧‧‧‧‧‧‧‧‧‧‧‧‧‧‧‧‧‧‧‧‧‧‧‧‧‧‧‧‧‧‧‧‧‧‧‧‧‧‧‧‧‧‧‧‧‧‧‧‧‧‧‧‧‧‧‧‧‧‧‧‧‧
　　‧‧‧‧‧‧‧‧‧‧‧‧‧‧‧‧‧‧‧‧‧‧‧‧‧‧‧‧‧‧‧‧‧‧‧‧‧‧‧‧‧‧‧‧‧‧‧‧‧‧‧‧‧‧‧‧‧‧‧‧
　　‧‧‧‧‧‧‧‧‧‧‧‧‧‧‧‧‧‧‧‧‧‧‧‧‧‧‧‧‧‧‧‧‧‧‧‧‧‧‧‧‧‧‧‧‧‧‧‧‧‧‧‧‧‧‧‧‧‧‧‧‧‧‧‧‧‧‧‧‧‧‧‧‧‧‧‧‧‧‧‧‧‧‧‧‧‧‧‧‧‧‧‧‧‧‧‧‧
　　‧‧‧‧‧‧‧‧‧‧‧‧‧‧‧‧‧‧‧‧‧‧‧‧‧‧‧‧‧‧‧‧‧‧‧‧‧‧‧‧‧‧‧‧‧‧‧‧‧‧‧‧‧‧‧‧‧‧‧‧‧‧‧‧‧‧‧‧‧‧‧‧‧‧‧‧‧‧‧
　　‧‧‧‧‧‧‧‧‧‧‧‧‧‧‧‧‧‧‧‧‧‧‧‧‧‧‧‧‧‧‧‧‧‧‧‧‧‧‧‧‧‧‧‧‧‧‧‧‧‧‧‧‧‧‧‧‧‧‧‧‧
　　‧‧‧‧‧‧‧‧‧‧‧‧‧‧‧‧‧‧‧‧‧‧‧‧‧‧‧‧‧‧‧‧‧‧‧‧‧‧‧‧‧‧‧‧‧‧‧‧‧‧‧‧‧‧‧‧‧‧‧‧‧‧‧‧‧‧‧‧‧‧‧‧‧‧‧‧‧‧‧‧‧‧‧‧‧‧‧‧‧‧‧‧‧‧‧‧‧‧
　　‧‧‧‧‧‧‧‧‧‧‧‧‧‧‧‧‧‧‧‧‧‧‧‧‧‧‧‧‧‧‧‧‧‧‧‧‧‧‧‧‧‧‧‧‧‧‧‧‧‧‧‧‧‧‧‧‧‧‧‧‧‧‧‧‧‧‧‧‧‧‧‧‧‧‧‧‧‧‧‧
　　‧‧‧‧‧‧‧‧‧‧‧‧‧‧‧‧‧‧‧‧‧‧‧‧‧‧‧‧‧‧‧‧‧‧‧‧‧‧‧‧‧‧‧‧‧‧‧‧‧‧‧‧‧‧‧‧‧‧‧‧‧‧
○　‧‧‧‧‧‧‧‧‧‧‧‧‧‧‧‧‧‧‧‧‧‧‧‧‧‧‧‧‧‧‧‧‧‧‧‧‧‧‧‧‧‧‧‧‧‧‧‧‧‧‧‧‧‧‧‧‧‧‧‧‧‧‧‧‧‧‧‧‧‧‧‧‧‧‧‧‧‧‧‧‧‧‧‧‧‧‧‧‧‧‧‧‧‧‧‧‧‧‧
　　‧‧‧‧‧‧‧‧‧‧‧‧‧‧‧‧‧‧‧‧‧‧‧‧‧‧‧‧‧‧‧‧‧‧‧‧‧‧‧‧‧‧‧‧‧‧‧‧‧‧‧‧‧‧‧‧‧‧‧‧‧‧‧‧‧‧‧‧‧‧‧‧‧‧‧‧‧‧‧‧‧
　　‧‧‧‧‧‧‧‧‧‧‧‧‧‧‧‧‧‧‧‧‧‧‧‧‧‧‧‧‧‧‧‧‧‧‧‧‧‧‧‧‧‧‧‧‧‧‧‧‧‧‧‧‧‧‧‧‧‧‧‧‧‧‧
　　‧‧‧‧‧‧‧‧‧‧‧‧‧‧‧‧‧‧‧‧‧‧‧‧‧‧‧‧‧‧‧‧‧‧‧‧‧‧‧‧‧‧‧‧‧‧‧‧‧‧‧‧‧‧‧‧‧‧‧‧‧‧‧‧‧‧‧‧‧‧‧‧‧‧‧‧‧‧‧‧‧‧‧‧‧‧‧‧‧‧‧‧‧‧‧‧‧‧‧‧
　　‧‧‧‧‧‧‧‧‧‧‧‧‧‧‧‧‧‧‧‧‧‧‧‧‧‧‧‧‧‧‧‧‧‧‧‧‧‧‧‧‧‧‧‧‧‧‧‧‧‧‧‧‧‧‧‧‧‧‧‧‧‧‧‧‧‧‧‧‧‧‧‧‧‧‧‧‧‧‧‧‧‧
　　‧‧‧‧‧‧‧‧‧‧‧‧‧‧‧‧‧‧‧‧‧‧‧‧‧‧‧‧‧‧‧‧‧‧‧‧‧‧‧‧‧‧‧‧‧‧‧‧‧‧‧‧‧‧‧‧‧‧‧‧‧‧‧‧
　　‧‧‧‧‧‧‧‧‧‧‧‧‧‧‧‧‧‧‧‧‧‧‧‧‧‧‧‧‧‧‧‧‧‧‧‧‧‧‧‧‧‧‧‧‧‧‧‧‧‧‧‧‧‧‧‧‧‧‧‧‧‧‧‧‧‧‧‧‧‧‧‧‧‧‧‧‧‧‧‧‧‧‧‧‧‧‧‧‧‧‧‧‧‧‧‧‧‧‧‧‧
　　‧‧‧‧‧‧‧‧‧‧‧‧‧‧‧‧‧‧‧‧‧‧‧‧‧‧‧‧‧‧‧‧‧‧‧‧‧‧‧‧‧‧‧‧‧‧‧‧‧‧‧‧‧‧‧‧‧‧‧‧‧‧‧‧‧‧‧‧‧‧‧‧‧‧‧‧‧‧‧‧‧‧‧
　　‧‧‧‧‧‧‧‧‧‧‧‧‧‧‧‧‧‧‧‧‧‧‧‧‧‧‧‧‧‧‧‧‧‧‧‧‧‧‧‧‧‧‧‧‧‧‧‧‧‧‧‧‧‧‧‧‧‧‧‧‧‧‧‧‧
○　‧‧‧‧‧‧‧‧‧‧‧‧‧‧‧‧‧‧‧‧‧‧‧‧‧‧‧‧‧‧‧‧‧‧‧‧‧‧‧‧‧‧‧‧‧‧‧‧‧‧‧‧‧‧‧‧‧‧‧‧‧‧‧‧‧‧‧‧‧‧‧‧‧‧‧‧‧‧‧‧‧‧‧‧‧‧‧‧‧‧‧‧‧‧‧‧‧‧‧‧‧‧
　　‧‧‧‧‧‧‧‧‧‧‧‧‧‧‧‧‧‧‧‧‧‧‧‧‧‧‧‧‧‧‧‧‧‧‧‧‧‧‧‧‧‧‧‧‧‧‧‧‧‧‧‧‧‧‧‧‧‧‧‧‧‧‧‧‧‧‧‧‧‧‧‧‧‧‧‧‧‧‧‧‧‧‧‧
　　‧‧‧‧‧‧‧‧‧‧‧‧‧‧‧‧‧‧‧‧‧‧‧‧‧‧‧‧‧‧‧‧‧‧‧‧‧‧‧‧‧‧‧‧‧‧‧‧‧‧‧‧‧‧‧‧‧‧‧‧‧‧‧‧‧‧
　　‧‧‧‧‧‧‧‧‧‧‧‧‧‧‧‧‧‧‧‧‧‧‧‧‧‧‧‧‧‧‧‧‧‧‧‧‧‧‧‧‧‧‧‧‧‧‧‧‧‧‧‧‧‧‧‧‧‧‧‧‧‧‧‧‧‧‧‧‧‧‧‧‧‧‧‧‧‧‧‧‧‧‧‧‧‧‧‧‧‧‧‧‧‧‧‧‧‧‧‧‧‧‧
　　‧‧‧‧‧‧‧‧‧‧‧‧‧‧‧‧‧‧‧‧‧‧‧‧‧‧‧‧‧‧‧‧‧‧‧‧‧‧‧‧‧‧‧‧‧‧‧‧‧‧‧‧‧‧‧‧‧‧‧‧‧‧‧‧‧‧‧‧‧‧‧‧‧‧‧‧‧‧‧‧‧‧‧‧‧
　　‧‧‧‧‧‧‧‧‧‧‧‧‧‧‧‧‧‧‧‧‧‧‧‧‧‧‧‧‧‧‧‧‧‧‧‧‧‧‧‧‧‧‧‧‧‧‧‧‧‧‧‧‧‧‧‧‧‧‧‧‧‧‧‧‧‧‧
　　‧‧‧‧‧‧‧‧‧‧‧‧‧‧‧‧‧‧‧‧‧‧‧‧‧‧‧‧‧‧‧‧‧‧‧‧‧‧‧‧‧‧‧‧‧‧‧‧‧‧‧‧‧‧‧‧‧‧‧‧‧‧‧‧‧‧‧‧‧‧‧‧‧‧‧‧‧‧‧‧‧‧‧‧‧‧‧‧‧‧‧‧‧‧‧‧‧‧‧‧‧‧‧‧
　　‧‧‧‧‧‧‧‧‧‧‧‧‧‧‧‧‧‧‧‧‧‧‧‧‧‧‧‧‧‧‧‧‧‧‧‧‧‧‧‧‧‧‧‧‧‧‧‧‧‧‧‧‧‧‧‧‧‧‧‧‧‧‧‧‧‧‧‧‧‧‧‧‧‧‧‧‧‧‧‧‧‧‧‧‧‧
　　‧‧‧‧‧‧‧‧‧‧‧‧‧‧‧‧‧‧‧‧‧‧‧‧‧‧‧‧‧‧‧‧‧‧‧‧‧‧‧‧‧‧‧‧‧‧‧‧‧‧‧‧‧‧‧‧‧‧‧‧‧‧‧‧‧‧‧‧
○　‧‧‧‧‧‧‧‧‧‧‧‧‧‧‧‧‧‧‧‧‧‧‧‧‧‧‧‧‧‧‧‧‧‧‧‧‧‧‧‧‧‧‧‧‧‧‧‧‧‧‧‧‧‧‧‧‧‧‧‧‧‧‧‧‧‧‧‧‧‧‧‧‧‧‧‧‧‧‧‧‧‧‧‧‧‧‧‧‧‧‧‧‧‧‧‧‧‧‧‧‧‧‧‧‧
　　‧‧‧‧‧‧‧‧‧‧‧‧‧‧‧‧‧‧‧‧‧‧‧‧‧‧‧‧‧‧‧‧‧‧‧‧‧‧‧‧‧‧‧‧‧‧‧‧‧‧‧‧‧‧‧‧‧‧‧‧‧‧‧‧‧‧‧‧‧‧‧‧‧‧‧‧‧‧‧‧‧‧‧‧‧‧‧
　　‧‧‧‧‧‧‧‧‧‧‧‧‧‧‧‧‧‧‧‧‧‧‧‧‧‧‧‧‧‧‧‧‧‧‧‧‧‧‧‧‧‧‧‧‧‧‧‧‧‧‧‧‧‧‧‧‧‧‧‧‧‧‧‧‧‧‧‧‧
　　‧‧‧‧‧‧‧‧‧‧‧‧‧‧‧‧‧‧‧‧‧‧‧‧‧‧‧‧‧‧‧‧‧‧‧‧‧‧‧‧‧‧‧‧‧‧‧‧‧‧‧‧‧‧‧‧‧‧‧‧‧‧‧‧‧‧‧‧‧‧‧‧‧‧‧‧‧‧‧‧‧‧‧‧‧‧‧‧‧‧‧‧‧‧‧‧‧‧‧‧‧‧‧‧‧‧
　　‧‧‧‧‧‧‧‧‧‧‧‧‧‧‧‧‧‧‧‧‧‧‧‧‧‧‧‧‧‧‧‧‧‧‧‧‧‧‧‧‧‧‧‧‧‧‧‧‧‧‧‧‧‧‧‧‧‧‧‧‧‧‧‧‧‧‧‧‧‧‧‧‧‧‧‧‧‧‧‧‧‧‧‧‧‧‧‧
　　‧‧‧‧‧‧‧‧‧‧‧‧‧‧‧‧‧‧‧‧‧‧‧‧‧‧‧‧‧‧‧‧‧‧‧‧‧‧‧‧‧‧‧‧‧‧‧‧‧‧‧‧‧‧‧‧‧‧‧‧‧‧‧‧‧‧‧‧‧‧
　　‧‧‧‧‧‧‧‧‧‧‧‧‧‧‧‧‧‧‧‧‧‧‧‧‧‧‧‧‧‧‧‧‧‧‧‧‧‧‧‧‧‧‧‧‧‧‧‧‧‧‧‧‧‧‧‧‧‧‧‧‧‧‧‧‧‧‧‧‧‧‧‧‧‧‧‧‧‧‧‧‧‧‧‧‧‧‧‧‧‧‧‧‧‧‧‧‧‧‧‧‧‧‧‧‧‧‧
　　‧‧‧‧‧‧‧‧‧‧‧‧‧‧‧‧‧‧‧‧‧‧‧‧‧‧‧‧‧‧‧‧‧‧‧‧‧‧‧‧‧‧‧‧‧‧‧‧‧‧‧‧‧‧‧‧‧‧‧‧‧‧‧‧‧‧‧‧‧‧‧‧‧‧‧‧‧‧‧‧‧‧‧‧‧‧‧‧‧
　　‧‧‧‧‧‧‧‧‧‧‧‧‧‧‧‧‧‧‧‧‧‧‧‧‧‧‧‧‧‧‧‧‧‧‧‧‧‧‧‧‧‧‧‧‧‧‧‧‧‧‧‧‧‧‧‧‧‧‧‧‧‧‧‧‧‧‧‧‧‧‧
○　‧‧‧‧‧‧‧‧‧‧‧‧‧‧‧‧‧‧‧‧‧‧‧‧‧‧‧‧‧‧‧‧‧‧‧‧‧‧‧‧‧‧‧‧‧‧‧‧‧‧‧‧‧‧‧‧‧‧‧‧‧‧‧‧‧‧‧‧‧‧‧‧‧‧‧‧‧‧‧‧‧‧‧‧‧‧‧‧‧‧‧‧‧‧‧‧‧‧‧‧‧‧‧‧‧‧‧‧
　　‧‧‧‧‧‧‧‧‧‧‧‧‧‧‧‧‧‧‧‧‧‧‧‧‧‧‧‧‧‧‧‧‧‧‧‧‧‧‧‧‧‧‧‧‧‧‧‧‧‧‧‧‧‧‧‧‧‧‧‧‧‧‧‧‧‧‧‧‧‧‧‧‧‧‧‧‧‧‧‧‧‧‧‧‧‧‧‧‧‧
　　‧‧‧‧‧‧‧‧‧‧‧‧‧‧‧‧‧‧‧‧‧‧‧‧‧‧‧‧‧‧‧‧‧‧‧‧‧‧‧‧‧‧‧‧‧‧‧‧‧‧‧‧‧‧‧‧‧‧‧‧‧‧‧‧‧‧‧‧‧‧‧‧
　　‧‧‧‧‧‧‧‧‧‧‧‧‧‧‧‧‧‧‧‧‧‧‧‧‧‧‧‧‧‧‧‧‧‧‧‧‧‧‧‧‧‧‧‧‧‧‧‧‧‧‧‧‧‧‧‧‧‧‧‧‧‧‧‧‧‧‧‧‧‧‧‧‧‧‧‧‧‧‧‧‧‧‧‧‧‧‧‧‧‧‧‧‧‧‧‧‧‧‧‧‧‧‧‧‧‧‧‧‧
　　‧‧‧‧‧‧‧‧‧‧‧‧‧‧‧‧‧‧‧‧‧‧‧‧‧‧‧‧‧‧‧‧‧‧‧‧‧‧‧‧‧‧‧‧‧‧‧‧‧‧‧‧‧‧‧‧‧‧‧‧‧‧‧‧‧‧‧‧‧‧‧‧‧‧‧‧‧‧‧‧‧‧‧‧‧‧‧‧‧‧‧
　　‧‧‧‧‧‧‧‧‧‧‧‧‧‧‧‧‧‧‧‧‧‧‧‧‧‧‧‧‧‧‧‧‧‧‧‧‧‧‧‧‧‧‧‧‧‧‧‧‧‧‧‧‧‧‧‧‧‧‧‧‧‧‧‧‧‧‧‧‧‧‧‧‧
　　‧‧‧‧‧‧‧‧‧‧‧‧‧‧‧‧‧‧‧‧‧‧‧‧‧‧‧‧‧‧‧‧‧‧‧‧‧‧‧‧‧‧‧‧‧‧‧‧‧‧‧‧‧‧‧‧‧‧‧‧‧‧‧‧‧‧‧‧‧‧‧‧‧‧‧‧‧‧‧‧‧‧‧‧‧‧‧‧‧‧‧‧‧‧‧‧‧‧‧‧‧‧‧‧‧‧‧‧‧‧
　　‧‧‧‧‧‧‧‧‧‧‧‧‧‧‧‧‧‧‧‧‧‧‧‧‧‧‧‧‧‧‧‧‧‧‧‧‧‧‧‧‧‧‧‧‧‧‧‧‧‧‧‧‧‧‧‧‧‧‧‧‧‧‧‧‧‧‧‧‧‧‧‧‧‧‧‧‧‧‧‧‧‧‧‧‧‧‧‧‧‧‧‧
　　‧‧‧‧‧‧‧‧‧‧‧‧‧‧‧‧‧‧‧‧‧‧‧‧‧‧‧‧‧‧‧‧‧‧‧‧‧‧‧‧‧‧‧‧‧‧‧‧‧‧‧‧‧‧‧‧‧‧‧‧‧‧‧‧‧‧‧‧‧‧‧‧‧‧
○　‧‧‧‧‧‧‧‧‧‧‧‧‧‧‧‧‧‧‧‧‧‧‧‧‧‧‧‧‧‧‧‧‧‧‧‧‧‧‧‧‧‧‧‧‧‧‧‧‧‧‧‧‧‧‧‧‧‧‧‧‧‧‧‧‧‧‧‧‧‧‧‧‧‧‧‧‧‧‧‧‧‧‧‧‧‧‧‧‧‧‧‧‧‧‧‧‧‧‧‧‧‧‧‧‧‧‧‧‧‧‧
　　‧‧‧‧‧‧‧‧‧‧‧‧‧‧‧‧‧‧‧‧‧‧‧‧‧‧‧‧‧‧‧‧‧‧‧‧‧‧‧‧‧‧‧‧‧‧‧‧‧‧‧‧‧‧‧‧‧‧‧‧‧‧‧‧‧‧‧‧‧‧‧‧‧‧‧‧‧‧‧‧‧‧‧‧‧‧‧‧‧‧‧‧‧
　　‧‧‧‧‧‧‧‧‧‧‧‧‧‧‧‧‧‧‧‧‧‧‧‧‧‧‧‧‧‧‧‧‧‧‧‧‧‧‧‧‧‧‧‧‧‧‧‧‧‧‧‧‧‧‧‧‧‧‧‧‧‧‧‧‧‧‧‧‧‧‧‧‧‧‧
　　‧‧‧‧‧‧‧‧‧‧‧‧‧‧‧‧‧‧‧‧‧‧‧‧‧‧‧‧‧‧‧‧‧‧‧‧‧‧‧‧‧‧‧‧‧‧‧‧‧‧‧‧‧‧‧‧‧‧‧‧‧‧‧‧‧‧‧‧‧‧‧‧‧‧‧‧‧‧‧‧‧‧‧‧‧‧‧‧‧‧‧‧‧‧‧‧‧‧‧‧‧‧‧‧‧‧‧‧‧‧‧‧
　　‧‧‧‧‧‧‧‧‧‧‧‧‧‧‧‧‧‧‧‧‧‧‧‧‧‧‧‧‧‧‧‧‧‧‧‧‧‧‧‧‧‧‧‧‧‧‧‧‧‧‧‧‧‧‧‧‧‧‧‧‧‧‧‧‧‧‧‧‧‧‧‧‧‧‧‧‧‧‧‧‧‧‧‧‧‧‧‧‧‧‧‧‧‧
　　‧‧‧‧‧‧‧‧‧‧‧‧‧‧‧‧‧‧‧‧‧‧‧‧‧‧‧‧‧‧‧‧‧‧‧‧‧‧‧‧‧‧‧‧‧‧‧‧‧‧‧‧‧‧‧‧‧‧‧‧‧‧‧‧‧‧‧‧‧‧‧‧‧‧‧‧
　　‧‧‧‧‧‧‧‧‧‧‧‧‧‧‧‧‧‧‧‧‧‧‧‧‧‧‧‧‧‧‧‧‧‧‧‧‧‧‧‧‧‧‧‧‧‧‧‧‧‧‧‧‧‧‧‧‧‧‧‧‧‧‧‧‧‧‧‧‧‧‧‧‧‧‧‧‧‧‧‧‧‧‧‧‧‧‧‧‧‧‧‧‧‧‧‧‧‧‧‧‧‧‧‧‧‧‧‧‧‧‧‧‧
　　‧‧‧‧‧‧‧‧‧‧‧‧‧‧‧‧‧‧‧‧‧‧‧‧‧‧‧‧‧‧‧‧‧‧‧‧‧‧‧‧‧‧‧‧‧‧‧‧‧‧‧‧‧‧‧‧‧‧‧‧‧‧‧‧‧‧‧‧‧‧‧‧‧‧‧‧‧‧‧‧‧‧‧‧‧‧‧‧‧‧‧‧‧‧‧
　　‧‧‧‧‧‧‧‧‧‧‧‧‧‧‧‧‧‧‧‧‧‧‧‧‧‧‧‧‧‧‧‧‧‧‧‧‧‧‧‧‧‧‧‧‧‧‧‧‧‧‧‧‧‧‧‧‧‧‧‧‧‧‧‧‧‧‧‧‧‧‧‧‧‧‧‧‧
○　‧‧‧‧‧‧‧‧‧‧‧‧‧‧‧‧‧‧‧‧‧‧‧‧‧‧‧‧‧‧‧‧‧‧‧‧‧‧‧‧‧‧‧‧‧‧‧‧‧‧‧‧‧‧‧‧‧‧‧‧‧‧‧‧‧‧‧‧‧‧‧‧‧‧‧‧‧‧‧‧‧‧‧‧‧‧‧‧‧‧‧‧‧‧‧‧‧‧‧‧‧‧‧‧‧‧‧‧‧‧‧‧‧‧
　　‧‧‧‧‧‧‧‧‧‧‧‧‧‧‧‧‧‧‧‧‧‧‧‧‧‧‧‧‧‧‧‧‧‧‧‧‧‧‧‧‧‧‧‧‧‧‧‧‧‧‧‧‧‧‧‧‧‧‧‧‧‧‧‧‧‧‧‧‧‧‧‧‧‧‧‧‧‧‧‧‧‧‧‧‧‧‧‧‧‧‧‧‧‧‧‧
　　‧‧‧‧‧‧‧‧‧‧‧‧‧‧‧‧‧‧‧‧‧‧‧‧‧‧‧‧‧‧‧‧‧‧‧‧‧‧‧‧‧‧‧‧‧‧‧‧‧‧‧‧‧‧‧‧‧‧‧‧‧‧‧‧‧‧‧‧‧‧‧‧‧‧‧‧‧‧
　　‧‧‧‧‧‧‧‧‧‧‧‧‧‧‧‧‧‧‧‧‧‧‧‧‧‧‧‧‧‧‧‧‧‧‧‧‧‧‧‧‧‧‧‧‧‧‧‧‧‧‧‧‧‧‧‧‧‧‧‧
　　‧‧‧‧‧‧‧‧‧‧‧‧‧‧‧‧‧‧‧‧‧‧‧‧‧‧‧‧‧‧‧‧‧‧‧‧‧‧‧‧‧‧‧‧‧‧‧‧‧‧‧‧‧‧‧‧‧‧‧‧‧‧‧‧‧‧‧‧‧‧‧‧‧‧‧‧‧‧‧‧‧‧‧‧‧‧‧‧‧‧‧‧‧‧‧‧‧
　　‧‧‧‧‧‧‧‧‧‧‧‧‧‧‧‧‧‧‧‧‧‧‧‧‧‧‧‧‧‧‧‧‧‧‧‧‧‧‧‧‧‧‧‧‧‧‧‧‧‧‧‧‧‧‧‧‧‧‧‧‧‧‧‧‧‧‧‧‧‧‧‧‧‧‧‧‧‧‧
　　‧‧‧‧‧‧‧‧‧‧‧‧‧‧‧‧‧‧‧‧‧‧‧‧‧‧‧‧‧‧‧‧‧‧‧‧‧‧‧‧‧‧‧‧‧‧‧‧‧‧‧‧‧‧‧‧‧‧‧‧‧
　　‧‧‧‧‧‧‧‧‧‧‧‧‧‧‧‧‧‧‧‧‧‧‧‧‧‧‧‧‧‧‧‧‧‧‧‧‧‧‧‧‧‧‧‧‧‧‧‧‧‧‧‧‧‧‧‧‧‧‧‧‧‧‧‧‧‧‧‧‧‧‧‧‧‧‧‧‧‧‧‧‧‧‧‧‧‧‧‧‧‧‧‧‧‧‧‧‧‧
　　‧‧‧‧‧‧‧‧‧‧‧‧‧‧‧‧‧‧‧‧‧‧‧‧‧‧‧‧‧‧‧‧‧‧‧‧‧‧‧‧‧‧‧‧‧‧‧‧‧‧‧‧‧‧‧‧‧‧‧‧‧‧‧‧‧‧‧‧‧‧‧‧‧‧‧‧‧‧‧‧
○　‧‧‧‧‧‧‧‧‧‧‧‧‧‧‧‧‧‧‧‧‧‧‧‧‧‧‧‧‧‧‧‧‧‧‧‧‧‧‧‧‧‧‧‧‧‧‧‧‧‧‧‧‧‧‧‧‧‧‧‧‧‧
　　‧‧‧‧‧‧‧‧‧‧‧‧‧‧‧‧‧‧‧‧‧‧‧‧‧‧‧‧‧‧‧‧‧‧‧‧‧‧‧‧‧‧‧‧‧‧‧‧‧‧‧‧‧‧‧‧‧‧‧‧‧‧‧‧‧‧‧‧‧‧‧‧‧‧‧‧‧‧‧‧‧‧‧‧‧‧‧‧‧‧‧‧‧‧‧‧‧‧‧
　　‧‧‧‧‧‧‧‧‧‧‧‧‧‧‧‧‧‧‧‧‧‧‧‧‧‧‧‧‧‧‧‧‧‧‧‧‧‧‧‧‧‧‧‧‧‧‧‧‧‧‧‧‧‧‧‧‧‧‧‧‧‧‧‧‧‧‧‧‧‧‧‧‧‧‧‧‧‧‧‧‧
　　‧‧‧‧‧‧‧‧‧‧‧‧‧‧‧‧‧‧‧‧‧‧‧‧‧‧‧‧‧‧‧‧‧‧‧‧‧‧‧‧‧‧‧‧‧‧‧‧‧‧‧‧‧‧‧‧‧‧‧‧‧‧‧
　　‧‧‧‧‧‧‧‧‧‧‧‧‧‧‧‧‧‧‧‧‧‧‧‧‧‧‧‧‧‧‧‧‧‧‧‧‧‧‧‧‧‧‧‧‧‧‧‧‧‧‧‧‧‧‧‧‧‧‧‧‧‧‧‧‧‧‧‧‧‧‧‧‧‧‧‧‧‧‧‧‧‧‧‧‧‧‧‧‧‧‧‧‧‧‧‧‧‧‧‧
　　‧‧‧‧‧‧‧‧‧‧‧‧‧‧‧‧‧‧‧‧‧‧‧‧‧‧‧‧‧‧‧‧‧‧‧‧‧‧‧‧‧‧‧‧‧‧‧‧‧‧‧‧‧‧‧‧‧‧‧‧‧‧‧‧‧‧‧‧‧‧‧‧‧‧‧‧‧‧‧‧‧‧
　　‧‧‧‧‧‧‧‧‧‧‧‧‧‧‧‧‧‧‧‧‧‧‧‧‧‧‧‧‧‧‧‧‧‧‧‧‧‧‧‧‧‧‧‧‧‧‧‧‧‧‧‧‧‧‧‧‧‧‧‧‧‧‧‧
　　‧‧‧‧‧‧‧‧‧‧‧‧‧‧‧‧‧‧‧‧‧‧‧‧‧‧‧‧‧‧‧‧‧‧‧‧‧‧‧‧‧‧‧‧‧‧‧‧‧‧‧‧‧‧‧‧‧‧‧‧‧‧‧‧‧‧‧‧‧‧‧‧‧‧‧‧‧‧‧‧‧‧‧‧‧‧‧‧‧‧‧‧‧‧‧‧‧‧‧‧‧
　　‧‧‧‧‧‧‧‧‧‧‧‧‧‧‧‧‧‧‧‧‧‧‧‧‧‧‧‧‧‧‧‧‧‧‧‧‧‧‧‧‧‧‧‧‧‧‧‧‧‧‧‧‧‧‧‧‧‧‧‧‧‧‧‧‧‧‧‧‧‧‧‧‧‧‧‧‧‧‧‧‧‧‧
○　‧‧‧‧‧‧‧‧‧‧‧‧‧‧‧‧‧‧‧‧‧‧‧‧‧‧‧‧‧‧‧‧‧‧‧‧‧‧‧‧‧‧‧‧‧‧‧‧‧‧‧‧‧‧‧‧‧‧‧‧‧‧‧‧‧
　　‧‧‧‧‧‧‧‧‧‧‧‧‧‧‧‧‧‧‧‧‧‧‧‧‧‧‧‧‧‧‧‧‧‧‧‧‧‧‧‧‧‧‧‧‧‧‧‧‧‧‧‧‧‧‧‧‧‧‧‧‧‧‧‧‧‧‧‧‧‧‧‧‧‧‧‧‧‧‧‧‧‧‧‧‧‧‧‧‧‧‧‧‧‧‧‧‧‧‧‧‧‧
　　‧‧‧‧‧‧‧‧‧‧‧‧‧‧‧‧‧‧‧‧‧‧‧‧‧‧‧‧‧‧‧‧‧‧‧‧‧‧‧‧‧‧‧‧‧‧‧‧‧‧‧‧‧‧‧‧‧‧‧‧‧‧‧‧‧‧‧‧‧‧‧‧‧‧‧‧‧‧‧‧‧‧‧‧
　　‧‧‧‧‧‧‧‧‧‧‧‧‧‧‧‧‧‧‧‧‧‧‧‧‧‧‧‧‧‧‧‧‧‧‧‧‧‧‧‧‧‧‧‧‧‧‧‧‧‧‧‧‧‧‧‧‧‧‧‧‧‧‧‧‧‧
　　‧‧‧‧‧‧‧‧‧‧‧‧‧‧‧‧‧‧‧‧‧‧‧‧‧‧‧‧‧‧‧‧‧‧‧‧‧‧‧‧‧‧‧‧‧‧‧‧‧‧‧‧‧‧‧‧‧‧‧‧‧‧‧‧‧‧‧‧‧‧‧‧‧‧‧‧‧‧‧‧‧‧‧‧‧‧‧‧‧‧‧‧‧‧‧‧‧‧‧‧‧‧‧
　　‧‧‧‧‧‧‧‧‧‧‧‧‧‧‧‧‧‧‧‧‧‧‧‧‧‧‧‧‧‧‧‧‧‧‧‧‧‧‧‧‧‧‧‧‧‧‧‧‧‧‧‧‧‧‧‧‧‧‧‧‧‧‧‧‧‧‧‧‧‧‧‧‧‧‧‧‧‧‧‧‧‧‧‧‧
　　‧‧‧‧‧‧‧‧‧‧‧‧‧‧‧‧‧‧‧‧‧‧‧‧‧‧‧‧‧‧‧‧‧‧‧‧‧‧‧‧‧‧‧‧‧‧‧‧‧‧‧‧‧‧‧‧‧‧‧‧‧‧‧‧‧‧‧
　　‧‧‧‧‧‧‧‧‧‧‧‧‧‧‧‧‧‧‧‧‧‧‧‧‧‧‧‧‧‧‧‧‧‧‧‧‧‧‧‧‧‧‧‧‧‧‧‧‧‧‧‧‧‧‧‧‧‧‧‧‧‧‧‧‧‧‧‧‧‧‧‧‧‧‧‧‧‧‧‧‧‧‧‧‧‧‧‧‧‧‧‧‧‧‧‧‧‧‧‧‧‧‧‧
　　‧‧‧‧‧‧‧‧‧‧‧‧‧‧‧‧‧‧‧‧‧‧‧‧‧‧‧‧‧‧‧‧‧‧‧‧‧‧‧‧‧‧‧‧‧‧‧‧‧‧‧‧‧‧‧‧‧‧‧‧‧‧‧‧‧‧‧‧‧‧‧‧‧‧‧‧‧‧‧‧‧‧‧‧‧‧
○　‧‧‧‧‧‧‧‧‧‧‧‧‧‧‧‧‧‧‧‧‧‧‧‧‧‧‧‧‧‧‧‧‧‧‧‧‧‧‧‧‧‧‧‧‧‧‧‧‧‧‧‧‧‧‧‧‧‧‧‧‧‧‧‧‧‧‧‧
　　‧‧‧‧‧‧‧‧‧‧‧‧‧‧‧‧‧‧‧‧‧‧‧‧‧‧‧‧‧‧‧‧‧‧‧‧‧‧‧‧‧‧‧‧‧‧‧‧‧‧‧‧‧‧‧‧‧‧‧‧‧‧‧‧‧‧‧‧‧‧‧‧‧‧‧‧‧‧‧‧‧‧‧‧‧‧‧‧‧‧‧‧‧‧‧‧‧‧‧‧‧‧‧‧‧
　　‧‧‧‧‧‧‧‧‧‧‧‧‧‧‧‧‧‧‧‧‧‧‧‧‧‧‧‧‧‧‧‧‧‧‧‧‧‧‧‧‧‧‧‧‧‧‧‧‧‧‧‧‧‧‧‧‧‧‧‧‧‧‧‧‧‧‧‧‧‧‧‧‧‧‧‧‧‧‧‧‧‧‧‧‧‧‧
　　‧‧‧‧‧‧‧‧‧‧‧‧‧‧‧‧‧‧‧‧‧‧‧‧‧‧‧‧‧‧‧‧‧‧‧‧‧‧‧‧‧‧‧‧‧‧‧‧‧‧‧‧‧‧‧‧‧‧‧‧‧‧‧‧‧‧‧‧‧
　　‧‧‧‧‧‧‧‧‧‧‧‧‧‧‧‧‧‧‧‧‧‧‧‧‧‧‧‧‧‧‧‧‧‧‧‧‧‧‧‧‧‧‧‧‧‧‧‧‧‧‧‧‧‧‧‧‧‧‧‧‧‧‧‧‧‧‧‧‧‧‧‧‧‧‧‧‧‧‧‧‧‧‧‧‧‧‧‧‧‧‧‧‧‧‧‧‧‧‧‧‧‧‧‧‧‧
　　‧‧‧‧‧‧‧‧‧‧‧‧‧‧‧‧‧‧‧‧‧‧‧‧‧‧‧‧‧‧‧‧‧‧‧‧‧‧‧‧‧‧‧‧‧‧‧‧‧‧‧‧‧‧‧‧‧‧‧‧‧‧‧‧‧‧‧‧‧‧‧‧‧‧‧‧‧‧‧‧‧‧‧‧‧‧‧‧
　　‧‧‧‧‧‧‧‧‧‧‧‧‧‧‧‧‧‧‧‧‧‧‧‧‧‧‧‧‧‧‧‧‧‧‧‧‧‧‧‧‧‧‧‧‧‧‧‧‧‧‧‧‧‧‧‧‧‧‧‧‧‧‧‧‧‧‧‧‧‧
　　‧‧‧‧‧‧‧‧‧‧‧‧‧‧‧‧‧‧‧‧‧‧‧‧‧‧‧‧‧‧‧‧‧‧‧‧‧‧‧‧‧‧‧‧‧‧‧‧‧‧‧‧‧‧‧‧‧‧‧‧‧‧‧‧‧‧‧‧‧‧‧‧‧‧‧‧‧‧‧‧‧‧‧‧‧‧‧‧‧‧‧‧‧‧‧‧‧‧‧‧‧‧‧‧‧‧‧
　　‧‧‧‧‧‧‧‧‧‧‧‧‧‧‧‧‧‧‧‧‧‧‧‧‧‧‧‧‧‧‧‧‧‧‧‧‧‧‧‧‧‧‧‧‧‧‧‧‧‧‧‧‧‧‧‧‧‧‧‧‧‧‧‧‧‧‧‧‧‧‧‧‧‧‧‧‧‧‧‧‧‧‧‧‧‧‧‧‧
○　‧‧‧‧‧‧‧‧‧‧‧‧‧‧‧‧‧‧‧‧‧‧‧‧‧‧‧‧‧‧‧‧‧‧‧‧‧‧‧‧‧‧‧‧‧‧‧‧‧‧‧‧‧‧‧‧‧‧‧‧‧‧‧‧‧‧‧‧‧‧‧
　　‧‧‧‧‧‧‧‧‧‧‧‧‧‧‧‧‧‧‧‧‧‧‧‧‧‧‧‧‧‧‧‧‧‧‧‧‧‧‧‧‧‧‧‧‧‧‧‧‧‧‧‧‧‧‧‧‧‧‧‧‧‧‧‧‧‧‧‧‧‧‧‧‧‧‧‧‧‧‧‧‧‧‧‧‧‧‧‧‧‧‧‧‧‧‧‧‧‧‧‧‧‧‧‧‧‧‧‧
　　‧‧‧‧‧‧‧‧‧‧‧‧‧‧‧‧‧‧‧‧‧‧‧‧‧‧‧‧‧‧‧‧‧‧‧‧‧‧‧‧‧‧‧‧‧‧‧‧‧‧‧‧‧‧‧‧‧‧‧‧‧‧‧‧‧‧‧‧‧‧‧‧‧‧‧‧‧‧‧‧‧‧‧‧‧‧‧‧‧‧
　　‧‧‧‧‧‧‧‧‧‧‧‧‧‧‧‧‧‧‧‧‧‧‧‧‧‧‧‧‧‧‧‧‧‧‧‧‧‧‧‧‧‧‧‧‧‧‧‧‧‧‧‧‧‧‧‧‧‧‧‧‧‧‧‧‧‧‧‧‧‧‧‧
　　‧‧‧‧‧‧‧‧‧‧‧‧‧‧‧‧‧‧‧‧‧‧‧‧‧‧‧‧‧‧‧‧‧‧‧‧‧‧‧‧‧‧‧‧‧‧‧‧‧‧‧‧‧‧‧‧‧‧‧‧‧‧‧‧‧‧‧‧‧‧‧‧‧‧‧‧‧‧‧‧‧‧‧‧‧‧‧‧‧‧‧‧‧‧‧‧‧‧‧‧‧‧‧‧‧‧‧‧‧
　　‧‧‧‧‧‧‧‧‧‧‧‧‧‧‧‧‧‧‧‧‧‧‧‧‧‧‧‧‧‧‧‧‧‧‧‧‧‧‧‧‧‧‧‧‧‧‧‧‧‧‧‧‧‧‧‧‧‧‧‧‧‧‧‧‧‧‧‧‧‧‧‧‧‧‧‧‧‧‧‧‧‧‧‧‧‧‧‧‧‧‧
　　‧‧‧‧‧‧‧‧‧‧‧‧‧‧‧‧‧‧‧‧‧‧‧‧‧‧‧‧‧‧‧‧‧‧‧‧‧‧‧‧‧‧‧‧‧‧‧‧‧‧‧‧‧‧‧‧‧‧‧‧‧‧‧‧‧‧‧‧‧‧‧‧‧
　　‧‧‧‧‧‧‧‧‧‧‧‧‧‧‧‧‧‧‧‧‧‧‧‧‧‧‧‧‧‧‧‧‧‧‧‧‧‧‧‧‧‧‧‧‧‧‧‧‧‧‧‧‧‧‧‧‧‧‧‧‧‧‧‧‧‧‧‧‧‧‧‧‧‧‧‧‧‧‧‧‧‧‧‧‧‧‧‧‧‧‧‧‧‧‧‧‧‧‧‧‧‧‧‧‧‧‧‧‧‧
　　‧‧‧‧‧‧‧‧‧‧‧‧‧‧‧‧‧‧‧‧‧‧‧‧‧‧‧‧‧‧‧‧‧‧‧‧‧‧‧‧‧‧‧‧‧‧‧‧‧‧‧‧‧‧‧‧‧‧‧‧‧‧‧‧‧‧‧‧‧‧‧‧‧‧‧‧‧‧‧‧‧‧‧‧‧‧‧‧‧‧‧‧
○　‧‧‧‧‧‧‧‧‧‧‧‧‧‧‧‧‧‧‧‧‧‧‧‧‧‧‧‧‧‧‧‧‧‧‧‧‧‧‧‧‧‧‧‧‧‧‧‧‧‧‧‧‧‧‧‧‧‧‧‧‧‧‧‧‧‧‧‧‧‧‧‧‧‧
　　‧‧‧‧‧‧‧‧‧‧‧‧‧‧‧‧‧‧‧‧‧‧‧‧‧‧‧‧‧‧‧‧‧‧‧‧‧‧‧‧‧‧‧‧‧‧‧‧‧‧‧‧‧‧‧‧‧‧‧‧‧‧‧‧‧‧‧‧‧‧‧‧‧‧‧‧‧‧‧‧‧‧‧‧‧‧‧‧‧‧‧‧‧‧‧‧‧‧‧‧‧‧‧‧‧‧‧‧‧‧‧
　　‧‧‧‧‧‧‧‧‧‧‧‧‧‧‧‧‧‧‧‧‧‧‧‧‧‧‧‧‧‧‧‧‧‧‧‧‧‧‧‧‧‧‧‧‧‧‧‧‧‧‧‧‧‧‧‧‧‧‧‧‧‧‧‧‧‧‧‧‧‧‧‧‧‧‧‧‧‧‧‧‧‧‧‧‧‧‧‧‧‧‧‧‧
　　‧‧‧‧‧‧‧‧‧‧‧‧‧‧‧‧‧‧‧‧‧‧‧‧‧‧‧‧‧‧‧‧‧‧‧‧‧‧‧‧‧‧‧‧‧‧‧‧‧‧‧‧‧‧‧‧‧‧‧‧‧‧‧‧‧‧‧‧‧‧‧‧‧‧‧
　　‧‧‧‧‧‧‧‧‧‧‧‧‧‧‧‧‧‧‧‧‧‧‧‧‧‧‧‧‧‧‧‧‧‧‧‧‧‧‧‧‧‧‧‧‧‧‧‧‧‧‧‧‧‧‧‧‧‧‧‧‧‧‧‧‧‧‧‧‧‧‧‧‧‧‧‧‧‧‧‧‧‧‧‧‧‧‧‧‧‧‧‧‧‧‧‧‧‧‧‧‧‧‧‧‧‧‧‧‧‧‧‧
　　‧‧‧‧‧‧‧‧‧‧‧‧‧‧‧‧‧‧‧‧‧‧‧‧‧‧‧‧‧‧‧‧‧‧‧‧‧‧‧‧‧‧‧‧‧‧‧‧‧‧‧‧‧‧‧‧‧‧‧‧‧‧‧‧‧‧‧‧‧‧‧‧‧‧‧‧‧‧‧‧‧‧‧‧‧‧‧‧‧‧‧‧‧‧
　　‧‧‧‧‧‧‧‧‧‧‧‧‧‧‧‧‧‧‧‧‧‧‧‧‧‧‧‧‧‧‧‧‧‧‧‧‧‧‧‧‧‧‧‧‧‧‧‧‧‧‧‧‧‧‧‧‧‧‧‧‧‧‧‧‧‧‧‧‧‧‧‧‧‧‧‧
　　‧‧‧‧‧‧‧‧‧‧‧‧‧‧‧‧‧‧‧‧‧‧‧‧‧‧‧‧‧‧‧‧‧‧‧‧‧‧‧‧‧‧‧‧‧‧‧‧‧‧‧‧‧‧‧‧‧‧‧‧‧‧‧‧‧‧‧‧‧‧‧‧‧‧‧‧‧‧‧‧‧‧‧‧‧‧‧‧‧‧‧‧‧‧‧‧‧‧‧‧‧‧‧‧‧‧‧‧‧‧‧‧‧
　　‧‧‧‧‧‧‧‧‧‧‧‧‧‧‧‧‧‧‧‧‧‧‧‧‧‧‧‧‧‧‧‧‧‧‧‧‧‧‧‧‧‧‧‧‧‧‧‧‧‧‧‧‧‧‧‧‧‧‧‧‧‧‧‧‧‧‧‧‧‧‧‧‧‧‧‧‧‧‧‧‧‧‧‧‧‧‧‧‧‧‧‧‧‧‧
○　‧‧‧‧‧‧‧‧‧‧‧‧‧‧‧‧‧‧‧‧‧‧‧‧‧‧‧‧‧‧‧‧‧‧‧‧‧‧‧‧‧‧‧‧‧‧‧‧‧‧‧‧‧‧‧‧‧‧‧‧‧‧‧‧‧‧‧‧‧‧‧‧‧‧‧‧‧
　　‧‧‧‧‧‧‧‧‧‧‧‧‧‧‧‧‧‧‧‧‧‧‧‧‧‧‧‧‧‧‧‧‧‧‧‧‧‧‧‧‧‧‧‧‧‧‧‧‧‧‧‧‧‧‧‧‧‧‧‧‧‧‧‧‧‧‧‧‧‧‧‧‧‧‧‧‧‧‧‧‧‧‧‧‧‧‧‧‧‧‧‧‧‧‧‧‧‧‧‧‧‧‧‧‧‧‧‧‧‧‧‧‧‧
　　‧‧‧‧‧‧‧‧‧‧‧‧‧‧‧‧‧‧‧‧‧‧‧‧‧‧‧‧‧‧‧‧‧‧‧‧‧‧‧‧‧‧‧‧‧‧‧‧‧‧‧‧‧‧‧‧‧‧‧‧‧‧‧‧‧‧‧‧‧‧‧‧‧‧‧‧‧‧‧‧‧‧‧‧‧‧‧‧‧‧‧‧‧‧‧‧
　　‧‧‧‧‧‧‧‧‧‧‧‧‧‧‧‧‧‧‧‧‧‧‧‧‧‧‧‧‧‧‧‧‧‧‧‧‧‧‧‧‧‧‧‧‧‧‧‧‧‧‧‧‧‧‧‧‧‧‧‧‧‧‧‧‧‧‧‧‧‧‧‧‧‧‧‧‧‧
　　‧‧‧‧‧‧‧‧‧‧‧‧‧‧‧‧‧‧‧‧‧‧‧‧‧‧‧‧‧‧‧‧‧‧‧‧‧‧‧‧‧‧‧‧‧‧‧‧‧‧‧‧‧‧‧‧‧‧‧‧
　　‧‧‧‧‧‧‧‧‧‧‧‧‧‧‧‧‧‧‧‧‧‧‧‧‧‧‧‧‧‧‧‧‧‧‧‧‧‧‧‧‧‧‧‧‧‧‧‧‧‧‧‧‧‧‧‧‧‧‧‧‧‧‧‧‧‧‧‧‧‧‧‧‧‧‧‧‧‧‧‧‧‧‧‧‧‧‧‧‧‧‧‧‧‧‧‧‧
　　‧‧‧‧‧‧‧‧‧‧‧‧‧‧‧‧‧‧‧‧‧‧‧‧‧‧‧‧‧‧‧‧‧‧‧‧‧‧‧‧‧‧‧‧‧‧‧‧‧‧‧‧‧‧‧‧‧‧‧‧‧‧‧‧‧‧‧‧‧‧‧‧‧‧‧‧‧‧‧
　　‧‧‧‧‧‧‧‧‧‧‧‧‧‧‧‧‧‧‧‧‧‧‧‧‧‧‧‧‧‧‧‧‧‧‧‧‧‧‧‧‧‧‧‧‧‧‧‧‧‧‧‧‧‧‧‧‧‧‧‧‧
　　‧‧‧‧‧‧‧‧‧‧‧‧‧‧‧‧‧‧‧‧‧‧‧‧‧‧‧‧‧‧‧‧‧‧‧‧‧‧‧‧‧‧‧‧‧‧‧‧‧‧‧‧‧‧‧‧‧‧‧‧‧‧‧‧‧‧‧‧‧‧‧‧‧‧‧‧‧‧‧‧‧‧‧‧‧‧‧‧‧‧‧‧‧‧‧‧‧‧
○　‧‧‧‧‧‧‧‧‧‧‧‧‧‧‧‧‧‧‧‧‧‧‧‧‧‧‧‧‧‧‧‧‧‧‧‧‧‧‧‧‧‧‧‧‧‧‧‧‧‧‧‧‧‧‧‧‧‧‧‧‧‧‧‧‧‧‧‧‧‧‧‧‧‧‧‧‧‧‧‧
　　‧‧‧‧‧‧‧‧‧‧‧‧‧‧‧‧‧‧‧‧‧‧‧‧‧‧‧‧‧‧‧‧‧‧‧‧‧‧‧‧‧‧‧‧‧‧‧‧‧‧‧‧‧‧‧‧‧‧‧‧‧‧
　　‧‧‧‧‧‧‧‧‧‧‧‧‧‧‧‧‧‧‧‧‧‧‧‧‧‧‧‧‧‧‧‧‧‧‧‧‧‧‧‧‧‧‧‧‧‧‧‧‧‧‧‧‧‧‧‧‧‧‧‧‧‧‧‧‧‧‧‧‧‧‧‧‧‧‧‧‧‧‧‧‧‧‧‧‧‧‧‧‧‧‧‧‧‧‧‧‧‧‧
　　‧‧‧‧‧‧‧‧‧‧‧‧‧‧‧‧‧‧‧‧‧‧‧‧‧‧‧‧‧‧‧‧‧‧‧‧‧‧‧‧‧‧‧‧‧‧‧‧‧‧‧‧‧‧‧‧‧‧‧‧‧‧‧‧‧‧‧‧‧‧‧‧‧‧‧‧‧‧‧‧‧
　　‧‧‧‧‧‧‧‧‧‧‧‧‧‧‧‧‧‧‧‧‧‧‧‧‧‧‧‧‧‧‧‧‧‧‧‧‧‧‧‧‧‧‧‧‧‧‧‧‧‧‧‧‧‧‧‧‧‧‧‧‧‧‧
　　‧‧‧‧‧‧‧‧‧‧‧‧‧‧‧‧‧‧‧‧‧‧‧‧‧‧‧‧‧‧‧‧‧‧‧‧‧‧‧‧‧‧‧‧‧‧‧‧‧‧‧‧‧‧‧‧‧‧‧‧‧‧‧‧‧‧‧‧‧‧‧‧‧‧‧‧‧‧‧‧‧‧‧‧‧‧‧‧‧‧‧‧‧‧‧‧‧‧‧‧
　　‧‧‧‧‧‧‧‧‧‧‧‧‧‧‧‧‧‧‧‧‧‧‧‧‧‧‧‧‧‧‧‧‧‧‧‧‧‧‧‧‧‧‧‧‧‧‧‧‧‧‧‧‧‧‧‧‧‧‧‧‧‧‧‧‧‧‧‧‧‧‧‧‧‧‧‧‧‧‧‧‧‧
　　‧‧‧‧‧‧‧‧‧‧‧‧‧‧‧‧‧‧‧‧‧‧‧‧‧‧‧‧‧‧‧‧‧‧‧‧‧‧‧‧‧‧‧‧‧‧‧‧‧‧‧‧‧‧‧‧‧‧‧‧‧‧‧‧
　　‧‧‧‧‧‧‧‧‧‧‧‧‧‧‧‧‧‧‧‧‧‧‧‧‧‧‧‧‧‧‧‧‧‧‧‧‧‧‧‧‧‧‧‧‧‧‧‧‧‧‧‧‧‧‧‧‧‧‧‧‧‧‧‧‧‧‧‧‧‧‧‧‧‧‧‧‧‧‧‧‧‧‧‧‧‧‧‧‧‧‧‧‧‧‧‧‧‧‧‧‧
○　‧‧‧‧‧‧‧‧‧‧‧‧‧‧‧‧‧‧‧‧‧‧‧‧‧‧‧‧‧‧‧‧‧‧‧‧‧‧‧‧‧‧‧‧‧‧‧‧‧‧‧‧‧‧‧‧‧‧‧‧‧‧‧‧‧‧‧‧‧‧‧‧‧‧‧‧‧‧‧‧‧‧‧
　　‧‧‧‧‧‧‧‧‧‧‧‧‧‧‧‧‧‧‧‧‧‧‧‧‧‧‧‧‧‧‧‧‧‧‧‧‧‧‧‧‧‧‧‧‧‧‧‧‧‧‧‧‧‧‧‧‧‧‧‧‧‧‧‧‧
　　‧‧‧‧‧‧‧‧‧‧‧‧‧‧‧‧‧‧‧‧‧‧‧‧‧‧‧‧‧‧‧‧‧‧‧‧‧‧‧‧‧‧‧‧‧‧‧‧‧‧‧‧‧‧‧‧‧‧‧‧‧‧‧‧‧‧‧‧‧‧‧‧‧‧‧‧‧‧‧‧‧‧‧‧‧‧‧‧‧‧‧‧‧‧‧‧‧‧‧‧‧‧
　　‧‧‧‧‧‧‧‧‧‧‧‧‧‧‧‧‧‧‧‧‧‧‧‧‧‧‧‧‧‧‧‧‧‧‧‧‧‧‧‧‧‧‧‧‧‧‧‧‧‧‧‧‧‧‧‧‧‧‧‧‧‧‧‧‧‧‧‧‧‧‧‧‧‧‧‧‧‧‧‧‧‧‧‧
　　‧‧‧‧‧‧‧‧‧‧‧‧‧‧‧‧‧‧‧‧‧‧‧‧‧‧‧‧‧‧‧‧‧‧‧‧‧‧‧‧‧‧‧‧‧‧‧‧‧‧‧‧‧‧‧‧‧‧‧‧‧‧‧‧‧‧
　　‧‧‧‧‧‧‧‧‧‧‧‧‧‧‧‧‧‧‧‧‧‧‧‧‧‧‧‧‧‧‧‧‧‧‧‧‧‧‧‧‧‧‧‧‧‧‧‧‧‧‧‧‧‧‧‧‧‧‧‧‧‧‧‧‧‧‧‧‧‧‧‧‧‧‧‧‧‧‧‧‧‧‧‧‧‧‧‧‧‧‧‧‧‧‧‧‧‧‧‧‧‧‧
　　‧‧‧‧‧‧‧‧‧‧‧‧‧‧‧‧‧‧‧‧‧‧‧‧‧‧‧‧‧‧‧‧‧‧‧‧‧‧‧‧‧‧‧‧‧‧‧‧‧‧‧‧‧‧‧‧‧‧‧‧‧‧‧‧‧‧‧‧‧‧‧‧‧‧‧‧‧‧‧‧‧‧‧‧‧
　　‧‧‧‧‧‧‧‧‧‧‧‧‧‧‧‧‧‧‧‧‧‧‧‧‧‧‧‧‧‧‧‧‧‧‧‧‧‧‧‧‧‧‧‧‧‧‧‧‧‧‧‧‧‧‧‧‧‧‧‧‧‧‧‧‧‧‧
　　‧‧‧‧‧‧‧‧‧‧‧‧‧‧‧‧‧‧‧‧‧‧‧‧‧‧‧‧‧‧‧‧‧‧‧‧‧‧‧‧‧‧‧‧‧‧‧‧‧‧‧‧‧‧‧‧‧‧‧‧‧‧‧‧‧‧‧‧‧‧‧‧‧‧‧‧‧‧‧‧‧‧‧‧‧‧‧‧‧‧‧‧‧‧‧‧‧‧‧‧‧‧‧‧
○　‧‧‧‧‧‧‧‧‧‧‧‧‧‧‧‧‧‧‧‧‧‧‧‧‧‧‧‧‧‧‧‧‧‧‧‧‧‧‧‧‧‧‧‧‧‧‧‧‧‧‧‧‧‧‧‧‧‧‧‧‧‧‧‧‧‧‧‧‧‧‧‧‧‧‧‧‧‧‧‧‧‧‧‧‧‧
　　‧‧‧‧‧‧‧‧‧‧‧‧‧‧‧‧‧‧‧‧‧‧‧‧‧‧‧‧‧‧‧‧‧‧‧‧‧‧‧‧‧‧‧‧‧‧‧‧‧‧‧‧‧‧‧‧‧‧‧‧‧‧‧‧‧‧‧‧
　　‧‧‧‧‧‧‧‧‧‧‧‧‧‧‧‧‧‧‧‧‧‧‧‧‧‧‧‧‧‧‧‧‧‧‧‧‧‧‧‧‧‧‧‧‧‧‧‧‧‧‧‧‧‧‧‧‧‧‧‧‧‧‧‧‧‧‧‧‧‧‧‧‧‧‧‧‧‧‧‧‧‧‧‧‧‧‧‧‧‧‧‧‧‧‧‧‧‧‧‧‧‧‧‧‧
　　‧‧‧‧‧‧‧‧‧‧‧‧‧‧‧‧‧‧‧‧‧‧‧‧‧‧‧‧‧‧‧‧‧‧‧‧‧‧‧‧‧‧‧‧‧‧‧‧‧‧‧‧‧‧‧‧‧‧‧‧‧‧‧‧‧‧‧‧‧‧‧‧‧‧‧‧‧‧‧‧‧‧‧‧‧‧‧
　　‧‧‧‧‧‧‧‧‧‧‧‧‧‧‧‧‧‧‧‧‧‧‧‧‧‧‧‧‧‧‧‧‧‧‧‧‧‧‧‧‧‧‧‧‧‧‧‧‧‧‧‧‧‧‧‧‧‧‧‧‧‧‧‧‧‧‧‧‧
　　‧‧‧‧‧‧‧‧‧‧‧‧‧‧‧‧‧‧‧‧‧‧‧‧‧‧‧‧‧‧‧‧‧‧‧‧‧‧‧‧‧‧‧‧‧‧‧‧‧‧‧‧‧‧‧‧‧‧‧‧‧‧‧‧‧‧‧‧‧‧‧‧‧‧‧‧‧‧‧‧‧‧‧‧‧‧‧‧‧‧‧‧‧‧‧‧‧‧‧‧‧‧‧‧‧‧
　　‧‧‧‧‧‧‧‧‧‧‧‧‧‧‧‧‧‧‧‧‧‧‧‧‧‧‧‧‧‧‧‧‧‧‧‧‧‧‧‧‧‧‧‧‧‧‧‧‧‧‧‧‧‧‧‧‧‧‧‧‧‧‧‧‧‧‧‧‧‧‧‧‧‧‧‧‧‧‧‧‧‧‧‧‧‧‧‧
　　‧‧‧‧‧‧‧‧‧‧‧‧‧‧‧‧‧‧‧‧‧‧‧‧‧‧‧‧‧‧‧‧‧‧‧‧‧‧‧‧‧‧‧‧‧‧‧‧‧‧‧‧‧‧‧‧‧‧‧‧‧‧‧‧‧‧‧‧‧‧
　　‧‧‧‧‧‧‧‧‧‧‧‧‧‧‧‧‧‧‧‧‧‧‧‧‧‧‧‧‧‧‧‧‧‧‧‧‧‧‧‧‧‧‧‧‧‧‧‧‧‧‧‧‧‧‧‧‧‧‧‧‧‧‧‧‧‧‧‧‧‧‧‧‧‧‧‧‧‧‧‧‧‧‧‧‧‧‧‧‧‧‧‧‧‧‧‧‧‧‧‧‧‧‧‧‧‧‧
○　‧‧‧‧‧‧‧‧‧‧‧‧‧‧‧‧‧‧‧‧‧‧‧‧‧‧‧‧‧‧‧‧‧‧‧‧‧‧‧‧‧‧‧‧‧‧‧‧‧‧‧‧‧‧‧‧‧‧‧‧‧‧‧‧‧‧‧‧‧‧‧‧‧‧‧‧‧‧‧‧‧‧‧‧‧‧‧‧‧
　　‧‧‧‧‧‧‧‧‧‧‧‧‧‧‧‧‧‧‧‧‧‧‧‧‧‧‧‧‧‧‧‧‧‧‧‧‧‧‧‧‧‧‧‧‧‧‧‧‧‧‧‧‧‧‧‧‧‧‧‧‧‧‧‧‧‧‧‧‧‧‧
　　‧‧‧‧‧‧‧‧‧‧‧‧‧‧‧‧‧‧‧‧‧‧‧‧‧‧‧‧‧‧‧‧‧‧‧‧‧‧‧‧‧‧‧‧‧‧‧‧‧‧‧‧‧‧‧‧‧‧‧‧‧‧‧‧‧‧‧‧‧‧‧‧‧‧‧‧‧‧‧‧‧‧‧‧‧‧‧‧‧‧‧‧‧‧‧‧‧‧‧‧‧‧‧‧‧‧‧‧
　　‧‧‧‧‧‧‧‧‧‧‧‧‧‧‧‧‧‧‧‧‧‧‧‧‧‧‧‧‧‧‧‧‧‧‧‧‧‧‧‧‧‧‧‧‧‧‧‧‧‧‧‧‧‧‧‧‧‧‧‧‧‧‧‧‧‧‧‧‧‧‧‧‧‧‧‧‧‧‧‧‧‧‧‧‧‧‧‧‧‧
　　‧‧‧‧‧‧‧‧‧‧‧‧‧‧‧‧‧‧‧‧‧‧‧‧‧‧‧‧‧‧‧‧‧‧‧‧‧‧‧‧‧‧‧‧‧‧‧‧‧‧‧‧‧‧‧‧‧‧‧‧‧‧‧‧‧‧‧‧‧‧‧‧
　　‧‧‧‧‧‧‧‧‧‧‧‧‧‧‧‧‧‧‧‧‧‧‧‧‧‧‧‧‧‧‧‧‧‧‧‧‧‧‧‧‧‧‧‧‧‧‧‧‧‧‧‧‧‧‧‧‧‧‧‧‧‧‧‧‧‧‧‧‧‧‧‧‧‧‧‧‧‧‧‧‧‧‧‧‧‧‧‧‧‧‧‧‧‧‧‧‧‧‧‧‧‧‧‧‧‧‧‧‧
　　‧‧‧‧‧‧‧‧‧‧‧‧‧‧‧‧‧‧‧‧‧‧‧‧‧‧‧‧‧‧‧‧‧‧‧‧‧‧‧‧‧‧‧‧‧‧‧‧‧‧‧‧‧‧‧‧‧‧‧‧‧‧‧‧‧‧‧‧‧‧‧‧‧‧‧‧‧‧‧‧‧‧‧‧‧‧‧‧‧‧‧
　　‧‧‧‧‧‧‧‧‧‧‧‧‧‧‧‧‧‧‧‧‧‧‧‧‧‧‧‧‧‧‧‧‧‧‧‧‧‧‧‧‧‧‧‧‧‧‧‧‧‧‧‧‧‧‧‧‧‧‧‧‧‧‧‧‧‧‧‧‧‧‧‧‧
　　‧‧‧‧‧‧‧‧‧‧‧‧‧‧‧‧‧‧‧‧‧‧‧‧‧‧‧‧‧‧‧‧‧‧‧‧‧‧‧‧‧‧‧‧‧‧‧‧‧‧‧‧‧‧‧‧‧‧‧‧‧‧‧‧‧‧‧‧‧‧‧‧‧‧‧‧‧‧‧‧‧‧‧‧‧‧‧‧‧‧‧‧‧‧‧‧‧‧‧‧‧‧‧‧‧‧‧‧‧‧
○　‧‧‧‧‧‧‧‧‧‧‧‧‧‧‧‧‧‧‧‧‧‧‧‧‧‧‧‧‧‧‧‧‧‧‧‧‧‧‧‧‧‧‧‧‧‧‧‧‧‧‧‧‧‧‧‧‧‧‧‧‧‧‧‧‧‧‧‧‧‧‧‧‧‧‧‧‧‧‧‧‧‧‧‧‧‧‧‧‧‧‧‧
　　‧‧‧‧‧‧‧‧‧‧‧‧‧‧‧‧‧‧‧‧‧‧‧‧‧‧‧‧‧‧‧‧‧‧‧‧‧‧‧‧‧‧‧‧‧‧‧‧‧‧‧‧‧‧‧‧‧‧‧‧‧‧‧‧‧‧‧‧‧‧‧‧‧‧
　　‧‧‧‧‧‧‧‧‧‧‧‧‧‧‧‧‧‧‧‧‧‧‧‧‧‧‧‧‧‧‧‧‧‧‧‧‧‧‧‧‧‧‧‧‧‧‧‧‧‧‧‧‧‧‧‧‧‧‧‧‧‧‧‧‧‧‧‧‧‧‧‧‧‧‧‧‧‧‧‧‧‧‧‧‧‧‧‧‧‧‧‧‧‧‧‧‧‧‧‧‧‧‧‧‧‧‧‧‧‧‧
　　‧‧‧‧‧‧‧‧‧‧‧‧‧‧‧‧‧‧‧‧‧‧‧‧‧‧‧‧‧‧‧‧‧‧‧‧‧‧‧‧‧‧‧‧‧‧‧‧‧‧‧‧‧‧‧‧‧‧‧‧‧‧‧‧‧‧‧‧‧‧‧‧‧‧‧‧‧‧‧‧‧‧‧‧‧‧‧‧‧‧‧‧‧
　　‧‧‧‧‧‧‧‧‧‧‧‧‧‧‧‧‧‧‧‧‧‧‧‧‧‧‧‧‧‧‧‧‧‧‧‧‧‧‧‧‧‧‧‧‧‧‧‧‧‧‧‧‧‧‧‧‧‧‧‧‧‧‧‧‧‧‧‧‧‧‧‧‧‧‧
　　‧‧‧‧‧‧‧‧‧‧‧‧‧‧‧‧‧‧‧‧‧‧‧‧‧‧‧‧‧‧‧‧‧‧‧‧‧‧‧‧‧‧‧‧‧‧‧‧‧‧‧‧‧‧‧‧‧‧‧‧‧‧‧‧‧‧‧‧‧‧‧‧‧‧‧‧‧‧‧‧‧‧‧‧‧‧‧‧‧‧‧‧‧‧‧‧‧‧‧‧‧‧‧‧‧‧‧‧‧‧‧‧
　　‧‧‧‧‧‧‧‧‧‧‧‧‧‧‧‧‧‧‧‧‧‧‧‧‧‧‧‧‧‧‧‧‧‧‧‧‧‧‧‧‧‧‧‧‧‧‧‧‧‧‧‧‧‧‧‧‧‧‧‧‧‧‧‧‧‧‧‧‧‧‧‧‧‧‧‧‧‧‧‧‧‧‧‧‧‧‧‧‧‧‧‧‧‧
　　‧‧‧‧‧‧‧‧‧‧‧‧‧‧‧‧‧‧‧‧‧‧‧‧‧‧‧‧‧‧‧‧‧‧‧‧‧‧‧‧‧‧‧‧‧‧‧‧‧‧‧‧‧‧‧‧‧‧‧‧‧‧‧‧‧‧‧‧‧‧‧‧‧‧‧‧
　　‧‧‧‧‧‧‧‧‧‧‧‧‧‧‧‧‧‧‧‧‧‧‧‧‧‧‧‧‧‧‧‧‧‧‧‧‧‧‧‧‧‧‧‧‧‧‧‧‧‧‧‧‧‧‧‧‧‧‧‧‧‧‧‧‧‧‧‧‧‧‧‧‧‧‧‧‧‧‧‧‧‧‧‧‧‧‧‧‧‧‧‧‧‧‧‧‧‧‧‧‧‧‧‧‧‧‧‧‧‧‧‧‧
○　‧‧‧‧‧‧‧‧‧‧‧‧‧‧‧‧‧‧‧‧‧‧‧‧‧‧‧‧‧‧‧‧‧‧‧‧‧‧‧‧‧‧‧‧‧‧‧‧‧‧‧‧‧‧‧‧‧‧‧‧‧‧‧‧‧‧‧‧‧‧‧‧‧‧‧‧‧‧‧‧‧‧‧‧‧‧‧‧‧‧‧‧‧‧‧
　　‧‧‧‧‧‧‧‧‧‧‧‧‧‧‧‧‧‧‧‧‧‧‧‧‧‧‧‧‧‧‧‧‧‧‧‧‧‧‧‧‧‧‧‧‧‧‧‧‧‧‧‧‧‧‧‧‧‧‧‧‧‧‧‧‧‧‧‧‧‧‧‧‧‧‧‧‧
　　‧‧‧‧‧‧‧‧‧‧‧‧‧‧‧‧‧‧‧‧‧‧‧‧‧‧‧‧‧‧‧‧‧‧‧‧‧‧‧‧‧‧‧‧‧‧‧‧‧‧‧‧‧‧‧‧‧‧‧‧‧‧‧‧‧‧‧‧‧‧‧‧‧‧‧‧‧‧‧‧‧‧‧‧‧‧‧‧‧‧‧‧‧‧‧‧‧‧‧‧‧‧‧‧‧‧‧‧‧‧‧‧‧‧
　　‧‧‧‧‧‧‧‧‧‧‧‧‧‧‧‧‧‧‧‧‧‧‧‧‧‧‧‧‧‧‧‧‧‧‧‧‧‧‧‧‧‧‧‧‧‧‧‧‧‧‧‧‧‧‧‧‧‧‧‧‧‧‧‧‧‧‧‧‧‧‧‧‧‧‧‧‧‧‧‧‧‧‧‧‧‧‧‧‧‧‧‧‧‧‧‧
　　‧‧‧‧‧‧‧‧‧‧‧‧‧‧‧‧‧‧‧‧‧‧‧‧‧‧‧‧‧‧‧‧‧‧‧‧‧‧‧‧‧‧‧‧‧‧‧‧‧‧‧‧‧‧‧‧‧‧‧‧‧‧‧‧‧‧‧‧‧‧‧‧‧‧‧‧‧‧
　　‧‧‧‧‧‧‧‧‧‧‧‧‧‧‧‧‧‧‧‧‧‧‧‧‧‧‧‧‧‧‧‧‧‧‧‧‧‧‧‧‧‧‧‧‧‧‧‧‧‧‧‧‧‧‧‧‧‧‧‧
　　‧‧‧‧‧‧‧‧‧‧‧‧‧‧‧‧‧‧‧‧‧‧‧‧‧‧‧‧‧‧‧‧‧‧‧‧‧‧‧‧‧‧‧‧‧‧‧‧‧‧‧‧‧‧‧‧‧‧‧‧‧‧‧‧‧‧‧‧‧‧‧‧‧‧‧‧‧‧‧‧‧‧‧‧‧‧‧‧‧‧‧‧‧‧‧‧‧
　　‧‧‧‧‧‧‧‧‧‧‧‧‧‧‧‧‧‧‧‧‧‧‧‧‧‧‧‧‧‧‧‧‧‧‧‧‧‧‧‧‧‧‧‧‧‧‧‧‧‧‧‧‧‧‧‧‧‧‧‧‧‧‧‧‧‧‧‧‧‧‧‧‧‧‧‧‧‧‧
　　‧‧‧‧‧‧‧‧‧‧‧‧‧‧‧‧‧‧‧‧‧‧‧‧‧‧‧‧‧‧‧‧‧‧‧‧‧‧‧‧‧‧‧‧‧‧‧‧‧‧‧‧‧‧‧‧‧‧‧‧‧
○　‧‧‧‧‧‧‧‧‧‧‧‧‧‧‧‧‧‧‧‧‧‧‧‧‧‧‧‧‧‧‧‧‧‧‧‧‧‧‧‧‧‧‧‧‧‧‧‧‧‧‧‧‧‧‧‧‧‧‧‧‧‧‧‧‧‧‧‧‧‧‧‧‧‧‧‧‧‧‧‧‧‧‧‧‧‧‧‧‧‧‧‧‧‧‧‧‧‧
　　‧‧‧‧‧‧‧‧‧‧‧‧‧‧‧‧‧‧‧‧‧‧‧‧‧‧‧‧‧‧‧‧‧‧‧‧‧‧‧‧‧‧‧‧‧‧‧‧‧‧‧‧‧‧‧‧‧‧‧‧‧‧‧‧‧‧‧‧‧‧‧‧‧‧‧‧‧‧‧‧
　　‧‧‧‧‧‧‧‧‧‧‧‧‧‧‧‧‧‧‧‧‧‧‧‧‧‧‧‧‧‧‧‧‧‧‧‧‧‧‧‧‧‧‧‧‧‧‧‧‧‧‧‧‧‧‧‧‧‧‧‧‧‧
　　‧‧‧‧‧‧‧‧‧‧‧‧‧‧‧‧‧‧‧‧‧‧‧‧‧‧‧‧‧‧‧‧‧‧‧‧‧‧‧‧‧‧‧‧‧‧‧‧‧‧‧‧‧‧‧‧‧‧‧‧‧‧‧‧‧‧‧‧‧‧‧‧‧‧‧‧‧‧‧‧‧‧‧‧‧‧‧‧‧‧‧‧‧‧‧‧‧‧‧
　　‧‧‧‧‧‧‧‧‧‧‧‧‧‧‧‧‧‧‧‧‧‧‧‧‧‧‧‧‧‧‧‧‧‧‧‧‧‧‧‧‧‧‧‧‧‧‧‧‧‧‧‧‧‧‧‧‧‧‧‧‧‧‧‧‧‧‧‧‧‧‧‧‧‧‧‧‧‧‧‧‧
　　‧‧‧‧‧‧‧‧‧‧‧‧‧‧‧‧‧‧‧‧‧‧‧‧‧‧‧‧‧‧‧‧‧‧‧‧‧‧‧‧‧‧‧‧‧‧‧‧‧‧‧‧‧‧‧‧‧‧‧‧‧‧‧
　　‧‧‧‧‧‧‧‧‧‧‧‧‧‧‧‧‧‧‧‧‧‧‧‧‧‧‧‧‧‧‧‧‧‧‧‧‧‧‧‧‧‧‧‧‧‧‧‧‧‧‧‧‧‧‧‧‧‧‧‧‧‧‧‧‧‧‧‧‧‧‧‧‧‧‧‧‧‧‧‧‧‧‧‧‧‧‧‧‧‧‧‧‧‧‧‧‧‧‧‧
　　‧‧‧‧‧‧‧‧‧‧‧‧‧‧‧‧‧‧‧‧‧‧‧‧‧‧‧‧‧‧‧‧‧‧‧‧‧‧‧‧‧‧‧‧‧‧‧‧‧‧‧‧‧‧‧‧‧‧‧‧‧‧‧‧‧‧‧‧‧‧‧‧‧‧‧‧‧‧‧‧‧‧
　　‧‧‧‧‧‧‧‧‧‧‧‧‧‧‧‧‧‧‧‧‧‧‧‧‧‧‧‧‧‧‧‧‧‧‧‧‧‧‧‧‧‧‧‧‧‧‧‧‧‧‧‧‧‧‧‧‧‧‧‧‧‧‧‧
○　‧‧‧‧‧‧‧‧‧‧‧‧‧‧‧‧‧‧‧‧‧‧‧‧‧‧‧‧‧‧‧‧‧‧‧‧‧‧‧‧‧‧‧‧‧‧‧‧‧‧‧‧‧‧‧‧‧‧‧‧‧‧‧‧‧‧‧‧‧‧‧‧‧‧‧‧‧‧‧‧‧‧‧‧‧‧‧‧‧‧‧‧‧‧‧‧‧‧‧‧‧
　　‧‧‧‧‧‧‧‧‧‧‧‧‧‧‧‧‧‧‧‧‧‧‧‧‧‧‧‧‧‧‧‧‧‧‧‧‧‧‧‧‧‧‧‧‧‧‧‧‧‧‧‧‧‧‧‧‧‧‧‧‧‧‧‧‧‧‧‧‧‧‧‧‧‧‧‧‧‧‧‧‧‧‧
　　‧‧‧‧‧‧‧‧‧‧‧‧‧‧‧‧‧‧‧‧‧‧‧‧‧‧‧‧‧‧‧‧‧‧‧‧‧‧‧‧‧‧‧‧‧‧‧‧‧‧‧‧‧‧‧‧‧‧‧‧‧‧‧‧‧
　　‧‧‧‧‧‧‧‧‧‧‧‧‧‧‧‧‧‧‧‧‧‧‧‧‧‧‧‧‧‧‧‧‧‧‧‧‧‧‧‧‧‧‧‧‧‧‧‧‧‧‧‧‧‧‧‧‧‧‧‧‧‧‧‧‧‧‧‧‧‧‧‧‧‧‧‧‧‧‧‧‧‧‧‧‧‧‧‧‧‧‧‧‧‧‧‧‧‧‧‧‧‧
　　‧‧‧‧‧‧‧‧‧‧‧‧‧‧‧‧‧‧‧‧‧‧‧‧‧‧‧‧‧‧‧‧‧‧‧‧‧‧‧‧‧‧‧‧‧‧‧‧‧‧‧‧‧‧‧‧‧‧‧‧‧‧‧‧‧‧‧‧‧‧‧‧‧‧‧‧‧‧‧‧‧‧‧‧
　　‧‧‧‧‧‧‧‧‧‧‧‧‧‧‧‧‧‧‧‧‧‧‧‧‧‧‧‧‧‧‧‧‧‧‧‧‧‧‧‧‧‧‧‧‧‧‧‧‧‧‧‧‧‧‧‧‧‧‧‧‧‧‧‧‧‧
　　‧‧‧‧‧‧‧‧‧‧‧‧‧‧‧‧‧‧‧‧‧‧‧‧‧‧‧‧‧‧‧‧‧‧‧‧‧‧‧‧‧‧‧‧‧‧‧‧‧‧‧‧‧‧‧‧‧‧‧‧‧‧‧‧‧‧‧‧‧‧‧‧‧‧‧‧‧‧‧‧‧‧‧‧‧‧‧‧‧‧‧‧‧‧‧‧‧‧‧‧‧‧‧
　　‧‧‧‧‧‧‧‧‧‧‧‧‧‧‧‧‧‧‧‧‧‧‧‧‧‧‧‧‧‧‧‧‧‧‧‧‧‧‧‧‧‧‧‧‧‧‧‧‧‧‧‧‧‧‧‧‧‧‧‧‧‧‧‧‧‧‧‧‧‧‧‧‧‧‧‧‧‧‧‧‧‧‧‧‧
　　‧‧‧‧‧‧‧‧‧‧‧‧‧‧‧‧‧‧‧‧‧‧‧‧‧‧‧‧‧‧‧‧‧‧‧‧‧‧‧‧‧‧‧‧‧‧‧‧‧‧‧‧‧‧‧‧‧‧‧‧‧‧‧‧‧‧‧
○　‧‧‧‧‧‧‧‧‧‧‧‧‧‧‧‧‧‧‧‧‧‧‧‧‧‧‧‧‧‧‧‧‧‧‧‧‧‧‧‧‧‧‧‧‧‧‧‧‧‧‧‧‧‧‧‧‧‧‧‧‧‧‧‧‧‧‧‧‧‧‧‧‧‧‧‧‧‧‧‧‧‧‧‧‧‧‧‧‧‧‧‧‧‧‧‧‧‧‧‧‧‧‧‧
　　‧‧‧‧‧‧‧‧‧‧‧‧‧‧‧‧‧‧‧‧‧‧‧‧‧‧‧‧‧‧‧‧‧‧‧‧‧‧‧‧‧‧‧‧‧‧‧‧‧‧‧‧‧‧‧‧‧‧‧‧‧‧‧‧‧‧‧‧‧‧‧‧‧‧‧‧‧‧‧‧‧‧‧‧‧‧
　　‧‧‧‧‧‧‧‧‧‧‧‧‧‧‧‧‧‧‧‧‧‧‧‧‧‧‧‧‧‧‧‧‧‧‧‧‧‧‧‧‧‧‧‧‧‧‧‧‧‧‧‧‧‧‧‧‧‧‧‧‧‧‧‧‧‧‧‧
　　‧‧‧‧‧‧‧‧‧‧‧‧‧‧‧‧‧‧‧‧‧‧‧‧‧‧‧‧‧‧‧‧‧‧‧‧‧‧‧‧‧‧‧‧‧‧‧‧‧‧‧‧‧‧‧‧‧‧‧‧‧‧‧‧‧‧‧‧‧‧‧‧‧‧‧‧‧‧‧‧‧‧‧‧‧‧‧‧‧‧‧‧‧‧‧‧‧‧‧‧‧‧‧‧‧
　　‧‧‧‧‧‧‧‧‧‧‧‧‧‧‧‧‧‧‧‧‧‧‧‧‧‧‧‧‧‧‧‧‧‧‧‧‧‧‧‧‧‧‧‧‧‧‧‧‧‧‧‧‧‧‧‧‧‧‧‧‧‧‧‧‧‧‧‧‧‧‧‧‧‧‧‧‧‧‧‧‧‧‧‧‧‧‧
　　‧‧‧‧‧‧‧‧‧‧‧‧‧‧‧‧‧‧‧‧‧‧‧‧‧‧‧‧‧‧‧‧‧‧‧‧‧‧‧‧‧‧‧‧‧‧‧‧‧‧‧‧‧‧‧‧‧‧‧‧‧‧‧‧‧‧‧‧‧
　　‧‧‧‧‧‧‧‧‧‧‧‧‧‧‧‧‧‧‧‧‧‧‧‧‧‧‧‧‧‧‧‧‧‧‧‧‧‧‧‧‧‧‧‧‧‧‧‧‧‧‧‧‧‧‧‧‧‧‧‧‧‧‧‧‧‧‧‧‧‧‧‧‧‧‧‧‧‧‧‧‧‧‧‧‧‧‧‧‧‧‧‧‧‧‧‧‧‧‧‧‧‧‧‧‧‧
　　‧‧‧‧‧‧‧‧‧‧‧‧‧‧‧‧‧‧‧‧‧‧‧‧‧‧‧‧‧‧‧‧‧‧‧‧‧‧‧‧‧‧‧‧‧‧‧‧‧‧‧‧‧‧‧‧‧‧‧‧‧‧‧‧‧‧‧‧‧‧‧‧‧‧‧‧‧‧‧‧‧‧‧‧‧‧‧‧
　　‧‧‧‧‧‧‧‧‧‧‧‧‧‧‧‧‧‧‧‧‧‧‧‧‧‧‧‧‧‧‧‧‧‧‧‧‧‧‧‧‧‧‧‧‧‧‧‧‧‧‧‧‧‧‧‧‧‧‧‧‧‧‧‧‧‧‧‧‧‧
○　‧‧‧‧‧‧‧‧‧‧‧‧‧‧‧‧‧‧‧‧‧‧‧‧‧‧‧‧‧‧‧‧‧‧‧‧‧‧‧‧‧‧‧‧‧‧‧‧‧‧‧‧‧‧‧‧‧‧‧‧‧‧‧‧‧‧‧‧‧‧‧‧‧‧‧‧‧‧‧‧‧‧‧‧‧‧‧‧‧‧‧‧‧‧‧‧‧‧‧‧‧‧‧‧‧‧‧
　　‧‧‧‧‧‧‧‧‧‧‧‧‧‧‧‧‧‧‧‧‧‧‧‧‧‧‧‧‧‧‧‧‧‧‧‧‧‧‧‧‧‧‧‧‧‧‧‧‧‧‧‧‧‧‧‧‧‧‧‧‧‧‧‧‧‧‧‧‧‧‧‧‧‧‧‧‧‧‧‧‧‧‧‧‧‧‧‧‧
　　‧‧‧‧‧‧‧‧‧‧‧‧‧‧‧‧‧‧‧‧‧‧‧‧‧‧‧‧‧‧‧‧‧‧‧‧‧‧‧‧‧‧‧‧‧‧‧‧‧‧‧‧‧‧‧‧‧‧‧‧‧‧‧‧‧‧‧‧‧‧‧
　　‧‧‧‧‧‧‧‧‧‧‧‧‧‧‧‧‧‧‧‧‧‧‧‧‧‧‧‧‧‧‧‧‧‧‧‧‧‧‧‧‧‧‧‧‧‧‧‧‧‧‧‧‧‧‧‧‧‧‧‧‧‧‧‧‧‧‧‧‧‧‧‧‧‧‧‧‧‧‧‧‧‧‧‧‧‧‧‧‧‧‧‧‧‧‧‧‧‧‧‧‧‧‧‧‧‧‧‧
　　‧‧‧‧‧‧‧‧‧‧‧‧‧‧‧‧‧‧‧‧‧‧‧‧‧‧‧‧‧‧‧‧‧‧‧‧‧‧‧‧‧‧‧‧‧‧‧‧‧‧‧‧‧‧‧‧‧‧‧‧‧‧‧‧‧‧‧‧‧‧‧‧‧‧‧‧‧‧‧‧‧‧‧‧‧‧‧‧‧‧
　　‧‧‧‧‧‧‧‧‧‧‧‧‧‧‧‧‧‧‧‧‧‧‧‧‧‧‧‧‧‧‧‧‧‧‧‧‧‧‧‧‧‧‧‧‧‧‧‧‧‧‧‧‧‧‧‧‧‧‧‧‧‧‧‧‧‧‧‧‧‧‧‧
　　‧‧‧‧‧‧‧‧‧‧‧‧‧‧‧‧‧‧‧‧‧‧‧‧‧‧‧‧‧‧‧‧‧‧‧‧‧‧‧‧‧‧‧‧‧‧‧‧‧‧‧‧‧‧‧‧‧‧‧‧‧‧‧‧‧‧‧‧‧‧‧‧‧‧‧‧‧‧‧‧‧‧‧‧‧‧‧‧‧‧‧‧‧‧‧‧‧‧‧‧‧‧‧‧‧‧‧‧‧
　　‧‧‧‧‧‧‧‧‧‧‧‧‧‧‧‧‧‧‧‧‧‧‧‧‧‧‧‧‧‧‧‧‧‧‧‧‧‧‧‧‧‧‧‧‧‧‧‧‧‧‧‧‧‧‧‧‧‧‧‧‧‧‧‧‧‧‧‧‧‧‧‧‧‧‧‧‧‧‧‧‧‧‧‧‧‧‧‧‧‧‧
　　‧‧‧‧‧‧‧‧‧‧‧‧‧‧‧‧‧‧‧‧‧‧‧‧‧‧‧‧‧‧‧‧‧‧‧‧‧‧‧‧‧‧‧‧‧‧‧‧‧‧‧‧‧‧‧‧‧‧‧‧‧‧‧‧‧‧‧‧‧‧‧‧‧
○　‧‧‧‧‧‧‧‧‧‧‧‧‧‧‧‧‧‧‧‧‧‧‧‧‧‧‧‧‧‧‧‧‧‧‧‧‧‧‧‧‧‧‧‧‧‧‧‧‧‧‧‧‧‧‧‧‧‧‧‧‧‧‧‧‧‧‧‧‧‧‧‧‧‧‧‧‧‧‧‧‧‧‧‧‧‧‧‧‧‧‧‧‧‧‧‧‧‧‧‧‧‧‧‧‧‧‧‧‧‧
　　‧‧‧‧‧‧‧‧‧‧‧‧‧‧‧‧‧‧‧‧‧‧‧‧‧‧‧‧‧‧‧‧‧‧‧‧‧‧‧‧‧‧‧‧‧‧‧‧‧‧‧‧‧‧‧‧‧‧‧‧‧‧‧‧‧‧‧‧‧‧‧‧‧‧‧‧‧‧‧‧‧‧‧‧‧‧‧‧‧‧‧‧
　　‧‧‧‧‧‧‧‧‧‧‧‧‧‧‧‧‧‧‧‧‧‧‧‧‧‧‧‧‧‧‧‧‧‧‧‧‧‧‧‧‧‧‧‧‧‧‧‧‧‧‧‧‧‧‧‧‧‧‧‧‧‧‧‧‧‧‧‧‧‧‧‧‧‧
　　‧‧‧‧‧‧‧‧‧‧‧‧‧‧‧‧‧‧‧‧‧‧‧‧‧‧‧‧‧‧‧‧‧‧‧‧‧‧‧‧‧‧‧‧‧‧‧‧‧‧‧‧‧‧‧‧‧‧‧‧‧‧‧‧‧‧‧‧‧‧‧‧‧‧‧‧‧‧‧‧‧‧‧‧‧‧‧‧‧‧‧‧‧‧‧‧‧‧‧‧‧‧‧‧‧‧‧‧‧‧‧
　　‧‧‧‧‧‧‧‧‧‧‧‧‧‧‧‧‧‧‧‧‧‧‧‧‧‧‧‧‧‧‧‧‧‧‧‧‧‧‧‧‧‧‧‧‧‧‧‧‧‧‧‧‧‧‧‧‧‧‧‧‧‧‧‧‧‧‧‧‧‧‧‧‧‧‧‧‧‧‧‧‧‧‧‧‧‧‧‧‧‧‧‧‧
　　‧‧‧‧‧‧‧‧‧‧‧‧‧‧‧‧‧‧‧‧‧‧‧‧‧‧‧‧‧‧‧‧‧‧‧‧‧‧‧‧‧‧‧‧‧‧‧‧‧‧‧‧‧‧‧‧‧‧‧‧‧‧‧‧‧‧‧‧‧‧‧‧‧‧‧
　　‧‧‧‧‧‧‧‧‧‧‧‧‧‧‧‧‧‧‧‧‧‧‧‧‧‧‧‧‧‧‧‧‧‧‧‧‧‧‧‧‧‧‧‧‧‧‧‧‧‧‧‧‧‧‧‧‧‧‧‧‧‧‧‧‧‧‧‧‧‧‧‧‧‧‧‧‧‧‧‧‧‧‧‧‧‧‧‧‧‧‧‧‧‧‧‧‧‧‧‧‧‧‧‧‧‧‧‧‧‧‧‧
　　‧‧‧‧‧‧‧‧‧‧‧‧‧‧‧‧‧‧‧‧‧‧‧‧‧‧‧‧‧‧‧‧‧‧‧‧‧‧‧‧‧‧‧‧‧‧‧‧‧‧‧‧‧‧‧‧‧‧‧‧‧‧‧‧‧‧‧‧‧‧‧‧‧‧‧‧‧‧‧‧‧‧‧‧‧‧‧‧‧‧‧‧‧‧
　　‧‧‧‧‧‧‧‧‧‧‧‧‧‧‧‧‧‧‧‧‧‧‧‧‧‧‧‧‧‧‧‧‧‧‧‧‧‧‧‧‧‧‧‧‧‧‧‧‧‧‧‧‧‧‧‧‧‧‧‧‧‧‧‧‧‧‧‧‧‧‧‧‧‧‧‧
○　‧‧‧‧‧‧‧‧‧‧‧‧‧‧‧‧‧‧‧‧‧‧‧‧‧‧‧‧‧‧‧‧‧‧‧‧‧‧‧‧‧‧‧‧‧‧‧‧‧‧‧‧‧‧‧‧‧‧‧‧‧‧‧‧‧‧‧‧‧‧‧‧‧‧‧‧‧‧‧‧‧‧‧‧‧‧‧‧‧‧‧‧‧‧‧‧‧‧‧‧‧‧‧‧‧‧‧‧‧‧‧‧‧
政策について
分野別の政策一覧
組織別の政策一覧
各種助成金・奨励金等の制度
審議会・研究会等
審議会・研究会等
予算および決算・税制の概要
政策評価・独法評価
国会会議録
厚生労働省の法令等
関連リンク
情報配信サービス
子どものページ
携帯ホームページ
携帯端末からでも厚生労働省のホームページをご覧いただけます。
